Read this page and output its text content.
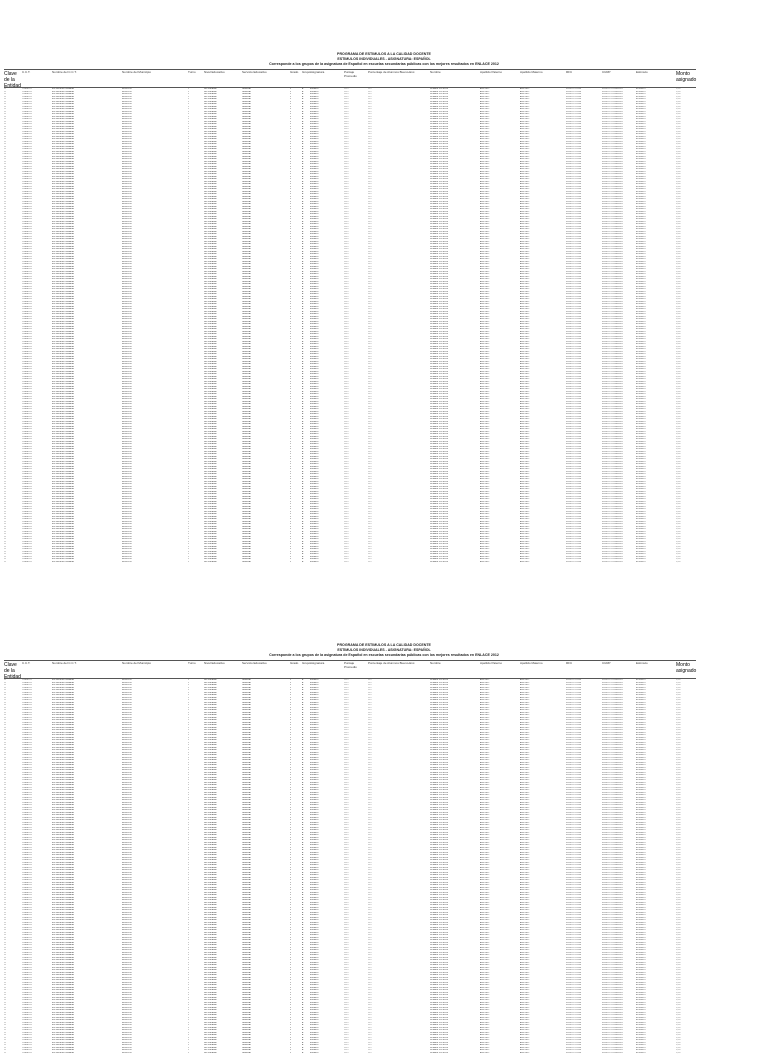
PROGRAMA DE ESTIMULOS A LA CALIDAD DOCENTE
ESTIMULOS INDIVIDUALES - ASIGNATURA: ESPAÑOL
Corresponde a los grupos de la asignatura de Español en escuelas secundarias públicas con los mejores resultados en ENLACE 2012
Clave de la Entidad
C.C.T.	Nombre del C.C.T.	Nombre del Municipio	Turno	Nivel Educativo	Servicio Educativo	Grado	Grupo Asignatura	Puntaje Promedio
Porcentaje de Alumnos Bueno-Exc.	Nombre	Apellido Paterno	Apellido Materno	RFC	CURP	Estímulo	Monto asignado
##	##DES####	ESCUELA SECUNDARIA	MUNICIPIO	1	SECUNDARIA	GENERAL	3	A	ESPAÑOL	###.#	##.#	NOMBRE DOCENTE	APELLIDO	APELLIDO	XXXX######XXX	XXXX######XXXXXX##	ESTIMULO	#,###
##	##DES####	ESCUELA SECUNDARIA	MUNICIPIO	1	SECUNDARIA	GENERAL	3	A	ESPAÑOL	###.#	##.#	NOMBRE DOCENTE	APELLIDO	APELLIDO	XXXX######XXX	XXXX######XXXXXX##	ESTIMULO	#,###
##	##DES####	ESCUELA SECUNDARIA	MUNICIPIO	1	SECUNDARIA	GENERAL	3	A	ESPAÑOL	###.#	##.#	NOMBRE DOCENTE	APELLIDO	APELLIDO	XXXX######XXX	XXXX######XXXXXX##	ESTIMULO	#,###
##	##DES####	ESCUELA SECUNDARIA	MUNICIPIO	1	SECUNDARIA	GENERAL	3	A	ESPAÑOL	###.#	##.#	NOMBRE DOCENTE	APELLIDO	APELLIDO	XXXX######XXX	XXXX######XXXXXX##	ESTIMULO	#,###
##	##DES####	ESCUELA SECUNDARIA	MUNICIPIO	1	SECUNDARIA	GENERAL	3	A	ESPAÑOL	###.#	##.#	NOMBRE DOCENTE	APELLIDO	APELLIDO	XXXX######XXX	XXXX######XXXXXX##	ESTIMULO	#,###
##	##DES####	ESCUELA SECUNDARIA	MUNICIPIO	1	SECUNDARIA	GENERAL	3	A	ESPAÑOL	###.#	##.#	NOMBRE DOCENTE	APELLIDO	APELLIDO	XXXX######XXX	XXXX######XXXXXX##	ESTIMULO	#,###
##	##DES####	ESCUELA SECUNDARIA	MUNICIPIO	1	SECUNDARIA	GENERAL	3	A	ESPAÑOL	###.#	##.#	NOMBRE DOCENTE	APELLIDO	APELLIDO	XXXX######XXX	XXXX######XXXXXX##	ESTIMULO	#,###
##	##DES####	ESCUELA SECUNDARIA	MUNICIPIO	1	SECUNDARIA	GENERAL	3	A	ESPAÑOL	###.#	##.#	NOMBRE DOCENTE	APELLIDO	APELLIDO	XXXX######XXX	XXXX######XXXXXX##	ESTIMULO	#,###
##	##DES####	ESCUELA SECUNDARIA	MUNICIPIO	1	SECUNDARIA	GENERAL	3	A	ESPAÑOL	###.#	##.#	NOMBRE DOCENTE	APELLIDO	APELLIDO	XXXX######XXX	XXXX######XXXXXX##	ESTIMULO	#,###
##	##DES####	ESCUELA SECUNDARIA	MUNICIPIO	1	SECUNDARIA	GENERAL	3	A	ESPAÑOL	###.#	##.#	NOMBRE DOCENTE	APELLIDO	APELLIDO	XXXX######XXX	XXXX######XXXXXX##	ESTIMULO	#,###
##	##DES####	ESCUELA SECUNDARIA	MUNICIPIO	1	SECUNDARIA	GENERAL	3	A	ESPAÑOL	###.#	##.#	NOMBRE DOCENTE	APELLIDO	APELLIDO	XXXX######XXX	XXXX######XXXXXX##	ESTIMULO	#,###
##	##DES####	ESCUELA SECUNDARIA	MUNICIPIO	1	SECUNDARIA	GENERAL	3	A	ESPAÑOL	###.#	##.#	NOMBRE DOCENTE	APELLIDO	APELLIDO	XXXX######XXX	XXXX######XXXXXX##	ESTIMULO	#,###
##	##DES####	ESCUELA SECUNDARIA	MUNICIPIO	1	SECUNDARIA	GENERAL	3	A	ESPAÑOL	###.#	##.#	NOMBRE DOCENTE	APELLIDO	APELLIDO	XXXX######XXX	XXXX######XXXXXX##	ESTIMULO	#,###
##	##DES####	ESCUELA SECUNDARIA	MUNICIPIO	1	SECUNDARIA	GENERAL	3	A	ESPAÑOL	###.#	##.#	NOMBRE DOCENTE	APELLIDO	APELLIDO	XXXX######XXX	XXXX######XXXXXX##	ESTIMULO	#,###
##	##DES####	ESCUELA SECUNDARIA	MUNICIPIO	1	SECUNDARIA	GENERAL	3	A	ESPAÑOL	###.#	##.#	NOMBRE DOCENTE	APELLIDO	APELLIDO	XXXX######XXX	XXXX######XXXXXX##	ESTIMULO	#,###
##	##DES####	ESCUELA SECUNDARIA	MUNICIPIO	1	SECUNDARIA	GENERAL	3	A	ESPAÑOL	###.#	##.#	NOMBRE DOCENTE	APELLIDO	APELLIDO	XXXX######XXX	XXXX######XXXXXX##	ESTIMULO	#,###
##	##DES####	ESCUELA SECUNDARIA	MUNICIPIO	1	SECUNDARIA	GENERAL	3	A	ESPAÑOL	###.#	##.#	NOMBRE DOCENTE	APELLIDO	APELLIDO	XXXX######XXX	XXXX######XXXXXX##	ESTIMULO	#,###
##	##DES####	ESCUELA SECUNDARIA	MUNICIPIO	1	SECUNDARIA	GENERAL	3	A	ESPAÑOL	###.#	##.#	NOMBRE DOCENTE	APELLIDO	APELLIDO	XXXX######XXX	XXXX######XXXXXX##	ESTIMULO	#,###
##	##DES####	ESCUELA SECUNDARIA	MUNICIPIO	1	SECUNDARIA	GENERAL	3	A	ESPAÑOL	###.#	##.#	NOMBRE DOCENTE	APELLIDO	APELLIDO	XXXX######XXX	XXXX######XXXXXX##	ESTIMULO	#,###
##	##DES####	ESCUELA SECUNDARIA	MUNICIPIO	1	SECUNDARIA	GENERAL	3	A	ESPAÑOL	###.#	##.#	NOMBRE DOCENTE	APELLIDO	APELLIDO	XXXX######XXX	XXXX######XXXXXX##	ESTIMULO	#,###
##	##DES####	ESCUELA SECUNDARIA	MUNICIPIO	1	SECUNDARIA	GENERAL	3	A	ESPAÑOL	###.#	##.#	NOMBRE DOCENTE	APELLIDO	APELLIDO	XXXX######XXX	XXXX######XXXXXX##	ESTIMULO	#,###
##	##DES####	ESCUELA SECUNDARIA	MUNICIPIO	1	SECUNDARIA	GENERAL	3	A	ESPAÑOL	###.#	##.#	NOMBRE DOCENTE	APELLIDO	APELLIDO	XXXX######XXX	XXXX######XXXXXX##	ESTIMULO	#,###
##	##DES####	ESCUELA SECUNDARIA	MUNICIPIO	1	SECUNDARIA	GENERAL	3	A	ESPAÑOL	###.#	##.#	NOMBRE DOCENTE	APELLIDO	APELLIDO	XXXX######XXX	XXXX######XXXXXX##	ESTIMULO	#,###
##	##DES####	ESCUELA SECUNDARIA	MUNICIPIO	1	SECUNDARIA	GENERAL	3	A	ESPAÑOL	###.#	##.#	NOMBRE DOCENTE	APELLIDO	APELLIDO	XXXX######XXX	XXXX######XXXXXX##	ESTIMULO	#,###
##	##DES####	ESCUELA SECUNDARIA	MUNICIPIO	1	SECUNDARIA	GENERAL	3	A	ESPAÑOL	###.#	##.#	NOMBRE DOCENTE	APELLIDO	APELLIDO	XXXX######XXX	XXXX######XXXXXX##	ESTIMULO	#,###
##	##DES####	ESCUELA SECUNDARIA	MUNICIPIO	1	SECUNDARIA	GENERAL	3	A	ESPAÑOL	###.#	##.#	NOMBRE DOCENTE	APELLIDO	APELLIDO	XXXX######XXX	XXXX######XXXXXX##	ESTIMULO	#,###
##	##DES####	ESCUELA SECUNDARIA	MUNICIPIO	1	SECUNDARIA	GENERAL	3	A	ESPAÑOL	###.#	##.#	NOMBRE DOCENTE	APELLIDO	APELLIDO	XXXX######XXX	XXXX######XXXXXX##	ESTIMULO	#,###
##	##DES####	ESCUELA SECUNDARIA	MUNICIPIO	1	SECUNDARIA	GENERAL	3	A	ESPAÑOL	###.#	##.#	NOMBRE DOCENTE	APELLIDO	APELLIDO	XXXX######XXX	XXXX######XXXXXX##	ESTIMULO	#,###
##	##DES####	ESCUELA SECUNDARIA	MUNICIPIO	1	SECUNDARIA	GENERAL	3	A	ESPAÑOL	###.#	##.#	NOMBRE DOCENTE	APELLIDO	APELLIDO	XXXX######XXX	XXXX######XXXXXX##	ESTIMULO	#,###
##	##DES####	ESCUELA SECUNDARIA	MUNICIPIO	1	SECUNDARIA	GENERAL	3	A	ESPAÑOL	###.#	##.#	NOMBRE DOCENTE	APELLIDO	APELLIDO	XXXX######XXX	XXXX######XXXXXX##	ESTIMULO	#,###
##	##DES####	ESCUELA SECUNDARIA	MUNICIPIO	1	SECUNDARIA	GENERAL	3	A	ESPAÑOL	###.#	##.#	NOMBRE DOCENTE	APELLIDO	APELLIDO	XXXX######XXX	XXXX######XXXXXX##	ESTIMULO	#,###
##	##DES####	ESCUELA SECUNDARIA	MUNICIPIO	1	SECUNDARIA	GENERAL	3	A	ESPAÑOL	###.#	##.#	NOMBRE DOCENTE	APELLIDO	APELLIDO	XXXX######XXX	XXXX######XXXXXX##	ESTIMULO	#,###
##	##DES####	ESCUELA SECUNDARIA	MUNICIPIO	1	SECUNDARIA	GENERAL	3	A	ESPAÑOL	###.#	##.#	NOMBRE DOCENTE	APELLIDO	APELLIDO	XXXX######XXX	XXXX######XXXXXX##	ESTIMULO	#,###
##	##DES####	ESCUELA SECUNDARIA	MUNICIPIO	1	SECUNDARIA	GENERAL	3	A	ESPAÑOL	###.#	##.#	NOMBRE DOCENTE	APELLIDO	APELLIDO	XXXX######XXX	XXXX######XXXXXX##	ESTIMULO	#,###
##	##DES####	ESCUELA SECUNDARIA	MUNICIPIO	1	SECUNDARIA	GENERAL	3	A	ESPAÑOL	###.#	##.#	NOMBRE DOCENTE	APELLIDO	APELLIDO	XXXX######XXX	XXXX######XXXXXX##	ESTIMULO	#,###
##	##DES####	ESCUELA SECUNDARIA	MUNICIPIO	1	SECUNDARIA	GENERAL	3	A	ESPAÑOL	###.#	##.#	NOMBRE DOCENTE	APELLIDO	APELLIDO	XXXX######XXX	XXXX######XXXXXX##	ESTIMULO	#,###
##	##DES####	ESCUELA SECUNDARIA	MUNICIPIO	1	SECUNDARIA	GENERAL	3	A	ESPAÑOL	###.#	##.#	NOMBRE DOCENTE	APELLIDO	APELLIDO	XXXX######XXX	XXXX######XXXXXX##	ESTIMULO	#,###
##	##DES####	ESCUELA SECUNDARIA	MUNICIPIO	1	SECUNDARIA	GENERAL	3	A	ESPAÑOL	###.#	##.#	NOMBRE DOCENTE	APELLIDO	APELLIDO	XXXX######XXX	XXXX######XXXXXX##	ESTIMULO	#,###
##	##DES####	ESCUELA SECUNDARIA	MUNICIPIO	1	SECUNDARIA	GENERAL	3	A	ESPAÑOL	###.#	##.#	NOMBRE DOCENTE	APELLIDO	APELLIDO	XXXX######XXX	XXXX######XXXXXX##	ESTIMULO	#,###
##	##DES####	ESCUELA SECUNDARIA	MUNICIPIO	1	SECUNDARIA	GENERAL	3	A	ESPAÑOL	###.#	##.#	NOMBRE DOCENTE	APELLIDO	APELLIDO	XXXX######XXX	XXXX######XXXXXX##	ESTIMULO	#,###
##	##DES####	ESCUELA SECUNDARIA	MUNICIPIO	1	SECUNDARIA	GENERAL	3	A	ESPAÑOL	###.#	##.#	NOMBRE DOCENTE	APELLIDO	APELLIDO	XXXX######XXX	XXXX######XXXXXX##	ESTIMULO	#,###
##	##DES####	ESCUELA SECUNDARIA	MUNICIPIO	1	SECUNDARIA	GENERAL	3	A	ESPAÑOL	###.#	##.#	NOMBRE DOCENTE	APELLIDO	APELLIDO	XXXX######XXX	XXXX######XXXXXX##	ESTIMULO	#,###
##	##DES####	ESCUELA SECUNDARIA	MUNICIPIO	1	SECUNDARIA	GENERAL	3	A	ESPAÑOL	###.#	##.#	NOMBRE DOCENTE	APELLIDO	APELLIDO	XXXX######XXX	XXXX######XXXXXX##	ESTIMULO	#,###
##	##DES####	ESCUELA SECUNDARIA	MUNICIPIO	1	SECUNDARIA	GENERAL	3	A	ESPAÑOL	###.#	##.#	NOMBRE DOCENTE	APELLIDO	APELLIDO	XXXX######XXX	XXXX######XXXXXX##	ESTIMULO	#,###
##	##DES####	ESCUELA SECUNDARIA	MUNICIPIO	1	SECUNDARIA	GENERAL	3	A	ESPAÑOL	###.#	##.#	NOMBRE DOCENTE	APELLIDO	APELLIDO	XXXX######XXX	XXXX######XXXXXX##	ESTIMULO	#,###
##	##DES####	ESCUELA SECUNDARIA	MUNICIPIO	1	SECUNDARIA	GENERAL	3	A	ESPAÑOL	###.#	##.#	NOMBRE DOCENTE	APELLIDO	APELLIDO	XXXX######XXX	XXXX######XXXXXX##	ESTIMULO	#,###
##	##DES####	ESCUELA SECUNDARIA	MUNICIPIO	1	SECUNDARIA	GENERAL	3	A	ESPAÑOL	###.#	##.#	NOMBRE DOCENTE	APELLIDO	APELLIDO	XXXX######XXX	XXXX######XXXXXX##	ESTIMULO	#,###
##	##DES####	ESCUELA SECUNDARIA	MUNICIPIO	1	SECUNDARIA	GENERAL	3	A	ESPAÑOL	###.#	##.#	NOMBRE DOCENTE	APELLIDO	APELLIDO	XXXX######XXX	XXXX######XXXXXX##	ESTIMULO	#,###
##	##DES####	ESCUELA SECUNDARIA	MUNICIPIO	1	SECUNDARIA	GENERAL	3	A	ESPAÑOL	###.#	##.#	NOMBRE DOCENTE	APELLIDO	APELLIDO	XXXX######XXX	XXXX######XXXXXX##	ESTIMULO	#,###
##	##DES####	ESCUELA SECUNDARIA	MUNICIPIO	1	SECUNDARIA	GENERAL	3	A	ESPAÑOL	###.#	##.#	NOMBRE DOCENTE	APELLIDO	APELLIDO	XXXX######XXX	XXXX######XXXXXX##	ESTIMULO	#,###
##	##DES####	ESCUELA SECUNDARIA	MUNICIPIO	1	SECUNDARIA	GENERAL	3	A	ESPAÑOL	###.#	##.#	NOMBRE DOCENTE	APELLIDO	APELLIDO	XXXX######XXX	XXXX######XXXXXX##	ESTIMULO	#,###
##	##DES####	ESCUELA SECUNDARIA	MUNICIPIO	1	SECUNDARIA	GENERAL	3	A	ESPAÑOL	###.#	##.#	NOMBRE DOCENTE	APELLIDO	APELLIDO	XXXX######XXX	XXXX######XXXXXX##	ESTIMULO	#,###
##	##DES####	ESCUELA SECUNDARIA	MUNICIPIO	1	SECUNDARIA	GENERAL	3	A	ESPAÑOL	###.#	##.#	NOMBRE DOCENTE	APELLIDO	APELLIDO	XXXX######XXX	XXXX######XXXXXX##	ESTIMULO	#,###
##	##DES####	ESCUELA SECUNDARIA	MUNICIPIO	1	SECUNDARIA	GENERAL	3	A	ESPAÑOL	###.#	##.#	NOMBRE DOCENTE	APELLIDO	APELLIDO	XXXX######XXX	XXXX######XXXXXX##	ESTIMULO	#,###
##	##DES####	ESCUELA SECUNDARIA	MUNICIPIO	1	SECUNDARIA	GENERAL	3	A	ESPAÑOL	###.#	##.#	NOMBRE DOCENTE	APELLIDO	APELLIDO	XXXX######XXX	XXXX######XXXXXX##	ESTIMULO	#,###
##	##DES####	ESCUELA SECUNDARIA	MUNICIPIO	1	SECUNDARIA	GENERAL	3	A	ESPAÑOL	###.#	##.#	NOMBRE DOCENTE	APELLIDO	APELLIDO	XXXX######XXX	XXXX######XXXXXX##	ESTIMULO	#,###
##	##DES####	ESCUELA SECUNDARIA	MUNICIPIO	1	SECUNDARIA	GENERAL	3	A	ESPAÑOL	###.#	##.#	NOMBRE DOCENTE	APELLIDO	APELLIDO	XXXX######XXX	XXXX######XXXXXX##	ESTIMULO	#,###
##	##DES####	ESCUELA SECUNDARIA	MUNICIPIO	1	SECUNDARIA	GENERAL	3	A	ESPAÑOL	###.#	##.#	NOMBRE DOCENTE	APELLIDO	APELLIDO	XXXX######XXX	XXXX######XXXXXX##	ESTIMULO	#,###
##	##DES####	ESCUELA SECUNDARIA	MUNICIPIO	1	SECUNDARIA	GENERAL	3	A	ESPAÑOL	###.#	##.#	NOMBRE DOCENTE	APELLIDO	APELLIDO	XXXX######XXX	XXXX######XXXXXX##	ESTIMULO	#,###
##	##DES####	ESCUELA SECUNDARIA	MUNICIPIO	1	SECUNDARIA	GENERAL	3	A	ESPAÑOL	###.#	##.#	NOMBRE DOCENTE	APELLIDO	APELLIDO	XXXX######XXX	XXXX######XXXXXX##	ESTIMULO	#,###
##	##DES####	ESCUELA SECUNDARIA	MUNICIPIO	1	SECUNDARIA	GENERAL	3	A	ESPAÑOL	###.#	##.#	NOMBRE DOCENTE	APELLIDO	APELLIDO	XXXX######XXX	XXXX######XXXXXX##	ESTIMULO	#,###
##	##DES####	ESCUELA SECUNDARIA	MUNICIPIO	1	SECUNDARIA	GENERAL	3	A	ESPAÑOL	###.#	##.#	NOMBRE DOCENTE	APELLIDO	APELLIDO	XXXX######XXX	XXXX######XXXXXX##	ESTIMULO	#,###
##	##DES####	ESCUELA SECUNDARIA	MUNICIPIO	1	SECUNDARIA	GENERAL	3	A	ESPAÑOL	###.#	##.#	NOMBRE DOCENTE	APELLIDO	APELLIDO	XXXX######XXX	XXXX######XXXXXX##	ESTIMULO	#,###
##	##DES####	ESCUELA SECUNDARIA	MUNICIPIO	1	SECUNDARIA	GENERAL	3	A	ESPAÑOL	###.#	##.#	NOMBRE DOCENTE	APELLIDO	APELLIDO	XXXX######XXX	XXXX######XXXXXX##	ESTIMULO	#,###
##	##DES####	ESCUELA SECUNDARIA	MUNICIPIO	1	SECUNDARIA	GENERAL	3	A	ESPAÑOL	###.#	##.#	NOMBRE DOCENTE	APELLIDO	APELLIDO	XXXX######XXX	XXXX######XXXXXX##	ESTIMULO	#,###
##	##DES####	ESCUELA SECUNDARIA	MUNICIPIO	1	SECUNDARIA	GENERAL	3	A	ESPAÑOL	###.#	##.#	NOMBRE DOCENTE	APELLIDO	APELLIDO	XXXX######XXX	XXXX######XXXXXX##	ESTIMULO	#,###
##	##DES####	ESCUELA SECUNDARIA	MUNICIPIO	1	SECUNDARIA	GENERAL	3	A	ESPAÑOL	###.#	##.#	NOMBRE DOCENTE	APELLIDO	APELLIDO	XXXX######XXX	XXXX######XXXXXX##	ESTIMULO	#,###
##	##DES####	ESCUELA SECUNDARIA	MUNICIPIO	1	SECUNDARIA	GENERAL	3	A	ESPAÑOL	###.#	##.#	NOMBRE DOCENTE	APELLIDO	APELLIDO	XXXX######XXX	XXXX######XXXXXX##	ESTIMULO	#,###
##	##DES####	ESCUELA SECUNDARIA	MUNICIPIO	1	SECUNDARIA	GENERAL	3	A	ESPAÑOL	###.#	##.#	NOMBRE DOCENTE	APELLIDO	APELLIDO	XXXX######XXX	XXXX######XXXXXX##	ESTIMULO	#,###
##	##DES####	ESCUELA SECUNDARIA	MUNICIPIO	1	SECUNDARIA	GENERAL	3	A	ESPAÑOL	###.#	##.#	NOMBRE DOCENTE	APELLIDO	APELLIDO	XXXX######XXX	XXXX######XXXXXX##	ESTIMULO	#,###
##	##DES####	ESCUELA SECUNDARIA	MUNICIPIO	1	SECUNDARIA	GENERAL	3	A	ESPAÑOL	###.#	##.#	NOMBRE DOCENTE	APELLIDO	APELLIDO	XXXX######XXX	XXXX######XXXXXX##	ESTIMULO	#,###
##	##DES####	ESCUELA SECUNDARIA	MUNICIPIO	1	SECUNDARIA	GENERAL	3	A	ESPAÑOL	###.#	##.#	NOMBRE DOCENTE	APELLIDO	APELLIDO	XXXX######XXX	XXXX######XXXXXX##	ESTIMULO	#,###
##	##DES####	ESCUELA SECUNDARIA	MUNICIPIO	1	SECUNDARIA	GENERAL	3	A	ESPAÑOL	###.#	##.#	NOMBRE DOCENTE	APELLIDO	APELLIDO	XXXX######XXX	XXXX######XXXXXX##	ESTIMULO	#,###
##	##DES####	ESCUELA SECUNDARIA	MUNICIPIO	1	SECUNDARIA	GENERAL	3	A	ESPAÑOL	###.#	##.#	NOMBRE DOCENTE	APELLIDO	APELLIDO	XXXX######XXX	XXXX######XXXXXX##	ESTIMULO	#,###
##	##DES####	ESCUELA SECUNDARIA	MUNICIPIO	1	SECUNDARIA	GENERAL	3	A	ESPAÑOL	###.#	##.#	NOMBRE DOCENTE	APELLIDO	APELLIDO	XXXX######XXX	XXXX######XXXXXX##	ESTIMULO	#,###
##	##DES####	ESCUELA SECUNDARIA	MUNICIPIO	1	SECUNDARIA	GENERAL	3	A	ESPAÑOL	###.#	##.#	NOMBRE DOCENTE	APELLIDO	APELLIDO	XXXX######XXX	XXXX######XXXXXX##	ESTIMULO	#,###
##	##DES####	ESCUELA SECUNDARIA	MUNICIPIO	1	SECUNDARIA	GENERAL	3	A	ESPAÑOL	###.#	##.#	NOMBRE DOCENTE	APELLIDO	APELLIDO	XXXX######XXX	XXXX######XXXXXX##	ESTIMULO	#,###
##	##DES####	ESCUELA SECUNDARIA	MUNICIPIO	1	SECUNDARIA	GENERAL	3	A	ESPAÑOL	###.#	##.#	NOMBRE DOCENTE	APELLIDO	APELLIDO	XXXX######XXX	XXXX######XXXXXX##	ESTIMULO	#,###
##	##DES####	ESCUELA SECUNDARIA	MUNICIPIO	1	SECUNDARIA	GENERAL	3	A	ESPAÑOL	###.#	##.#	NOMBRE DOCENTE	APELLIDO	APELLIDO	XXXX######XXX	XXXX######XXXXXX##	ESTIMULO	#,###
##	##DES####	ESCUELA SECUNDARIA	MUNICIPIO	1	SECUNDARIA	GENERAL	3	A	ESPAÑOL	###.#	##.#	NOMBRE DOCENTE	APELLIDO	APELLIDO	XXXX######XXX	XXXX######XXXXXX##	ESTIMULO	#,###
##	##DES####	ESCUELA SECUNDARIA	MUNICIPIO	1	SECUNDARIA	GENERAL	3	A	ESPAÑOL	###.#	##.#	NOMBRE DOCENTE	APELLIDO	APELLIDO	XXXX######XXX	XXXX######XXXXXX##	ESTIMULO	#,###
##	##DES####	ESCUELA SECUNDARIA	MUNICIPIO	1	SECUNDARIA	GENERAL	3	A	ESPAÑOL	###.#	##.#	NOMBRE DOCENTE	APELLIDO	APELLIDO	XXXX######XXX	XXXX######XXXXXX##	ESTIMULO	#,###
##	##DES####	ESCUELA SECUNDARIA	MUNICIPIO	1	SECUNDARIA	GENERAL	3	A	ESPAÑOL	###.#	##.#	NOMBRE DOCENTE	APELLIDO	APELLIDO	XXXX######XXX	XXXX######XXXXXX##	ESTIMULO	#,###
##	##DES####	ESCUELA SECUNDARIA	MUNICIPIO	1	SECUNDARIA	GENERAL	3	A	ESPAÑOL	###.#	##.#	NOMBRE DOCENTE	APELLIDO	APELLIDO	XXXX######XXX	XXXX######XXXXXX##	ESTIMULO	#,###
##	##DES####	ESCUELA SECUNDARIA	MUNICIPIO	1	SECUNDARIA	GENERAL	3	A	ESPAÑOL	###.#	##.#	NOMBRE DOCENTE	APELLIDO	APELLIDO	XXXX######XXX	XXXX######XXXXXX##	ESTIMULO	#,###
##	##DES####	ESCUELA SECUNDARIA	MUNICIPIO	1	SECUNDARIA	GENERAL	3	A	ESPAÑOL	###.#	##.#	NOMBRE DOCENTE	APELLIDO	APELLIDO	XXXX######XXX	XXXX######XXXXXX##	ESTIMULO	#,###
##	##DES####	ESCUELA SECUNDARIA	MUNICIPIO	1	SECUNDARIA	GENERAL	3	A	ESPAÑOL	###.#	##.#	NOMBRE DOCENTE	APELLIDO	APELLIDO	XXXX######XXX	XXXX######XXXXXX##	ESTIMULO	#,###
##	##DES####	ESCUELA SECUNDARIA	MUNICIPIO	1	SECUNDARIA	GENERAL	3	A	ESPAÑOL	###.#	##.#	NOMBRE DOCENTE	APELLIDO	APELLIDO	XXXX######XXX	XXXX######XXXXXX##	ESTIMULO	#,###
##	##DES####	ESCUELA SECUNDARIA	MUNICIPIO	1	SECUNDARIA	GENERAL	3	A	ESPAÑOL	###.#	##.#	NOMBRE DOCENTE	APELLIDO	APELLIDO	XXXX######XXX	XXXX######XXXXXX##	ESTIMULO	#,###
##	##DES####	ESCUELA SECUNDARIA	MUNICIPIO	1	SECUNDARIA	GENERAL	3	A	ESPAÑOL	###.#	##.#	NOMBRE DOCENTE	APELLIDO	APELLIDO	XXXX######XXX	XXXX######XXXXXX##	ESTIMULO	#,###
##	##DES####	ESCUELA SECUNDARIA	MUNICIPIO	1	SECUNDARIA	GENERAL	3	A	ESPAÑOL	###.#	##.#	NOMBRE DOCENTE	APELLIDO	APELLIDO	XXXX######XXX	XXXX######XXXXXX##	ESTIMULO	#,###
##	##DES####	ESCUELA SECUNDARIA	MUNICIPIO	1	SECUNDARIA	GENERAL	3	A	ESPAÑOL	###.#	##.#	NOMBRE DOCENTE	APELLIDO	APELLIDO	XXXX######XXX	XXXX######XXXXXX##	ESTIMULO	#,###
##	##DES####	ESCUELA SECUNDARIA	MUNICIPIO	1	SECUNDARIA	GENERAL	3	A	ESPAÑOL	###.#	##.#	NOMBRE DOCENTE	APELLIDO	APELLIDO	XXXX######XXX	XXXX######XXXXXX##	ESTIMULO	#,###
##	##DES####	ESCUELA SECUNDARIA	MUNICIPIO	1	SECUNDARIA	GENERAL	3	A	ESPAÑOL	###.#	##.#	NOMBRE DOCENTE	APELLIDO	APELLIDO	XXXX######XXX	XXXX######XXXXXX##	ESTIMULO	#,###
##	##DES####	ESCUELA SECUNDARIA	MUNICIPIO	1	SECUNDARIA	GENERAL	3	A	ESPAÑOL	###.#	##.#	NOMBRE DOCENTE	APELLIDO	APELLIDO	XXXX######XXX	XXXX######XXXXXX##	ESTIMULO	#,###
##	##DES####	ESCUELA SECUNDARIA	MUNICIPIO	1	SECUNDARIA	GENERAL	3	A	ESPAÑOL	###.#	##.#	NOMBRE DOCENTE	APELLIDO	APELLIDO	XXXX######XXX	XXXX######XXXXXX##	ESTIMULO	#,###
##	##DES####	ESCUELA SECUNDARIA	MUNICIPIO	1	SECUNDARIA	GENERAL	3	A	ESPAÑOL	###.#	##.#	NOMBRE DOCENTE	APELLIDO	APELLIDO	XXXX######XXX	XXXX######XXXXXX##	ESTIMULO	#,###
##	##DES####	ESCUELA SECUNDARIA	MUNICIPIO	1	SECUNDARIA	GENERAL	3	A	ESPAÑOL	###.#	##.#	NOMBRE DOCENTE	APELLIDO	APELLIDO	XXXX######XXX	XXXX######XXXXXX##	ESTIMULO	#,###
##	##DES####	ESCUELA SECUNDARIA	MUNICIPIO	1	SECUNDARIA	GENERAL	3	A	ESPAÑOL	###.#	##.#	NOMBRE DOCENTE	APELLIDO	APELLIDO	XXXX######XXX	XXXX######XXXXXX##	ESTIMULO	#,###
##	##DES####	ESCUELA SECUNDARIA	MUNICIPIO	1	SECUNDARIA	GENERAL	3	A	ESPAÑOL	###.#	##.#	NOMBRE DOCENTE	APELLIDO	APELLIDO	XXXX######XXX	XXXX######XXXXXX##	ESTIMULO	#,###
##	##DES####	ESCUELA SECUNDARIA	MUNICIPIO	1	SECUNDARIA	GENERAL	3	A	ESPAÑOL	###.#	##.#	NOMBRE DOCENTE	APELLIDO	APELLIDO	XXXX######XXX	XXXX######XXXXXX##	ESTIMULO	#,###
##	##DES####	ESCUELA SECUNDARIA	MUNICIPIO	1	SECUNDARIA	GENERAL	3	A	ESPAÑOL	###.#	##.#	NOMBRE DOCENTE	APELLIDO	APELLIDO	XXXX######XXX	XXXX######XXXXXX##	ESTIMULO	#,###
##	##DES####	ESCUELA SECUNDARIA	MUNICIPIO	1	SECUNDARIA	GENERAL	3	A	ESPAÑOL	###.#	##.#	NOMBRE DOCENTE	APELLIDO	APELLIDO	XXXX######XXX	XXXX######XXXXXX##	ESTIMULO	#,###
##	##DES####	ESCUELA SECUNDARIA	MUNICIPIO	1	SECUNDARIA	GENERAL	3	A	ESPAÑOL	###.#	##.#	NOMBRE DOCENTE	APELLIDO	APELLIDO	XXXX######XXX	XXXX######XXXXXX##	ESTIMULO	#,###
##	##DES####	ESCUELA SECUNDARIA	MUNICIPIO	1	SECUNDARIA	GENERAL	3	A	ESPAÑOL	###.#	##.#	NOMBRE DOCENTE	APELLIDO	APELLIDO	XXXX######XXX	XXXX######XXXXXX##	ESTIMULO	#,###
##	##DES####	ESCUELA SECUNDARIA	MUNICIPIO	1	SECUNDARIA	GENERAL	3	A	ESPAÑOL	###.#	##.#	NOMBRE DOCENTE	APELLIDO	APELLIDO	XXXX######XXX	XXXX######XXXXXX##	ESTIMULO	#,###
##	##DES####	ESCUELA SECUNDARIA	MUNICIPIO	1	SECUNDARIA	GENERAL	3	A	ESPAÑOL	###.#	##.#	NOMBRE DOCENTE	APELLIDO	APELLIDO	XXXX######XXX	XXXX######XXXXXX##	ESTIMULO	#,###
##	##DES####	ESCUELA SECUNDARIA	MUNICIPIO	1	SECUNDARIA	GENERAL	3	A	ESPAÑOL	###.#	##.#	NOMBRE DOCENTE	APELLIDO	APELLIDO	XXXX######XXX	XXXX######XXXXXX##	ESTIMULO	#,###
##	##DES####	ESCUELA SECUNDARIA	MUNICIPIO	1	SECUNDARIA	GENERAL	3	A	ESPAÑOL	###.#	##.#	NOMBRE DOCENTE	APELLIDO	APELLIDO	XXXX######XXX	XXXX######XXXXXX##	ESTIMULO	#,###
##	##DES####	ESCUELA SECUNDARIA	MUNICIPIO	1	SECUNDARIA	GENERAL	3	A	ESPAÑOL	###.#	##.#	NOMBRE DOCENTE	APELLIDO	APELLIDO	XXXX######XXX	XXXX######XXXXXX##	ESTIMULO	#,###
##	##DES####	ESCUELA SECUNDARIA	MUNICIPIO	1	SECUNDARIA	GENERAL	3	A	ESPAÑOL	###.#	##.#	NOMBRE DOCENTE	APELLIDO	APELLIDO	XXXX######XXX	XXXX######XXXXXX##	ESTIMULO	#,###
##	##DES####	ESCUELA SECUNDARIA	MUNICIPIO	1	SECUNDARIA	GENERAL	3	A	ESPAÑOL	###.#	##.#	NOMBRE DOCENTE	APELLIDO	APELLIDO	XXXX######XXX	XXXX######XXXXXX##	ESTIMULO	#,###
##	##DES####	ESCUELA SECUNDARIA	MUNICIPIO	1	SECUNDARIA	GENERAL	3	A	ESPAÑOL	###.#	##.#	NOMBRE DOCENTE	APELLIDO	APELLIDO	XXXX######XXX	XXXX######XXXXXX##	ESTIMULO	#,###
##	##DES####	ESCUELA SECUNDARIA	MUNICIPIO	1	SECUNDARIA	GENERAL	3	A	ESPAÑOL	###.#	##.#	NOMBRE DOCENTE	APELLIDO	APELLIDO	XXXX######XXX	XXXX######XXXXXX##	ESTIMULO	#,###
##	##DES####	ESCUELA SECUNDARIA	MUNICIPIO	1	SECUNDARIA	GENERAL	3	A	ESPAÑOL	###.#	##.#	NOMBRE DOCENTE	APELLIDO	APELLIDO	XXXX######XXX	XXXX######XXXXXX##	ESTIMULO	#,###
##	##DES####	ESCUELA SECUNDARIA	MUNICIPIO	1	SECUNDARIA	GENERAL	3	A	ESPAÑOL	###.#	##.#	NOMBRE DOCENTE	APELLIDO	APELLIDO	XXXX######XXX	XXXX######XXXXXX##	ESTIMULO	#,###
##	##DES####	ESCUELA SECUNDARIA	MUNICIPIO	1	SECUNDARIA	GENERAL	3	A	ESPAÑOL	###.#	##.#	NOMBRE DOCENTE	APELLIDO	APELLIDO	XXXX######XXX	XXXX######XXXXXX##	ESTIMULO	#,###
##	##DES####	ESCUELA SECUNDARIA	MUNICIPIO	1	SECUNDARIA	GENERAL	3	A	ESPAÑOL	###.#	##.#	NOMBRE DOCENTE	APELLIDO	APELLIDO	XXXX######XXX	XXXX######XXXXXX##	ESTIMULO	#,###
##	##DES####	ESCUELA SECUNDARIA	MUNICIPIO	1	SECUNDARIA	GENERAL	3	A	ESPAÑOL	###.#	##.#	NOMBRE DOCENTE	APELLIDO	APELLIDO	XXXX######XXX	XXXX######XXXXXX##	ESTIMULO	#,###
##	##DES####	ESCUELA SECUNDARIA	MUNICIPIO	1	SECUNDARIA	GENERAL	3	A	ESPAÑOL	###.#	##.#	NOMBRE DOCENTE	APELLIDO	APELLIDO	XXXX######XXX	XXXX######XXXXXX##	ESTIMULO	#,###
##	##DES####	ESCUELA SECUNDARIA	MUNICIPIO	1	SECUNDARIA	GENERAL	3	A	ESPAÑOL	###.#	##.#	NOMBRE DOCENTE	APELLIDO	APELLIDO	XXXX######XXX	XXXX######XXXXXX##	ESTIMULO	#,###
##	##DES####	ESCUELA SECUNDARIA	MUNICIPIO	1	SECUNDARIA	GENERAL	3	A	ESPAÑOL	###.#	##.#	NOMBRE DOCENTE	APELLIDO	APELLIDO	XXXX######XXX	XXXX######XXXXXX##	ESTIMULO	#,###
##	##DES####	ESCUELA SECUNDARIA	MUNICIPIO	1	SECUNDARIA	GENERAL	3	A	ESPAÑOL	###.#	##.#	NOMBRE DOCENTE	APELLIDO	APELLIDO	XXXX######XXX	XXXX######XXXXXX##	ESTIMULO	#,###
##	##DES####	ESCUELA SECUNDARIA	MUNICIPIO	1	SECUNDARIA	GENERAL	3	A	ESPAÑOL	###.#	##.#	NOMBRE DOCENTE	APELLIDO	APELLIDO	XXXX######XXX	XXXX######XXXXXX##	ESTIMULO	#,###
##	##DES####	ESCUELA SECUNDARIA	MUNICIPIO	1	SECUNDARIA	GENERAL	3	A	ESPAÑOL	###.#	##.#	NOMBRE DOCENTE	APELLIDO	APELLIDO	XXXX######XXX	XXXX######XXXXXX##	ESTIMULO	#,###
##	##DES####	ESCUELA SECUNDARIA	MUNICIPIO	1	SECUNDARIA	GENERAL	3	A	ESPAÑOL	###.#	##.#	NOMBRE DOCENTE	APELLIDO	APELLIDO	XXXX######XXX	XXXX######XXXXXX##	ESTIMULO	#,###
##	##DES####	ESCUELA SECUNDARIA	MUNICIPIO	1	SECUNDARIA	GENERAL	3	A	ESPAÑOL	###.#	##.#	NOMBRE DOCENTE	APELLIDO	APELLIDO	XXXX######XXX	XXXX######XXXXXX##	ESTIMULO	#,###
##	##DES####	ESCUELA SECUNDARIA	MUNICIPIO	1	SECUNDARIA	GENERAL	3	A	ESPAÑOL	###.#	##.#	NOMBRE DOCENTE	APELLIDO	APELLIDO	XXXX######XXX	XXXX######XXXXXX##	ESTIMULO	#,###
##	##DES####	ESCUELA SECUNDARIA	MUNICIPIO	1	SECUNDARIA	GENERAL	3	A	ESPAÑOL	###.#	##.#	NOMBRE DOCENTE	APELLIDO	APELLIDO	XXXX######XXX	XXXX######XXXXXX##	ESTIMULO	#,###
##	##DES####	ESCUELA SECUNDARIA	MUNICIPIO	1	SECUNDARIA	GENERAL	3	A	ESPAÑOL	###.#	##.#	NOMBRE DOCENTE	APELLIDO	APELLIDO	XXXX######XXX	XXXX######XXXXXX##	ESTIMULO	#,###
##	##DES####	ESCUELA SECUNDARIA	MUNICIPIO	1	SECUNDARIA	GENERAL	3	A	ESPAÑOL	###.#	##.#	NOMBRE DOCENTE	APELLIDO	APELLIDO	XXXX######XXX	XXXX######XXXXXX##	ESTIMULO	#,###
##	##DES####	ESCUELA SECUNDARIA	MUNICIPIO	1	SECUNDARIA	GENERAL	3	A	ESPAÑOL	###.#	##.#	NOMBRE DOCENTE	APELLIDO	APELLIDO	XXXX######XXX	XXXX######XXXXXX##	ESTIMULO	#,###
##	##DES####	ESCUELA SECUNDARIA	MUNICIPIO	1	SECUNDARIA	GENERAL	3	A	ESPAÑOL	###.#	##.#	NOMBRE DOCENTE	APELLIDO	APELLIDO	XXXX######XXX	XXXX######XXXXXX##	ESTIMULO	#,###
##	##DES####	ESCUELA SECUNDARIA	MUNICIPIO	1	SECUNDARIA	GENERAL	3	A	ESPAÑOL	###.#	##.#	NOMBRE DOCENTE	APELLIDO	APELLIDO	XXXX######XXX	XXXX######XXXXXX##	ESTIMULO	#,###
##	##DES####	ESCUELA SECUNDARIA	MUNICIPIO	1	SECUNDARIA	GENERAL	3	A	ESPAÑOL	###.#	##.#	NOMBRE DOCENTE	APELLIDO	APELLIDO	XXXX######XXX	XXXX######XXXXXX##	ESTIMULO	#,###
##	##DES####	ESCUELA SECUNDARIA	MUNICIPIO	1	SECUNDARIA	GENERAL	3	A	ESPAÑOL	###.#	##.#	NOMBRE DOCENTE	APELLIDO	APELLIDO	XXXX######XXX	XXXX######XXXXXX##	ESTIMULO	#,###
##	##DES####	ESCUELA SECUNDARIA	MUNICIPIO	1	SECUNDARIA	GENERAL	3	A	ESPAÑOL	###.#	##.#	NOMBRE DOCENTE	APELLIDO	APELLIDO	XXXX######XXX	XXXX######XXXXXX##	ESTIMULO	#,###
##	##DES####	ESCUELA SECUNDARIA	MUNICIPIO	1	SECUNDARIA	GENERAL	3	A	ESPAÑOL	###.#	##.#	NOMBRE DOCENTE	APELLIDO	APELLIDO	XXXX######XXX	XXXX######XXXXXX##	ESTIMULO	#,###
##	##DES####	ESCUELA SECUNDARIA	MUNICIPIO	1	SECUNDARIA	GENERAL	3	A	ESPAÑOL	###.#	##.#	NOMBRE DOCENTE	APELLIDO	APELLIDO	XXXX######XXX	XXXX######XXXXXX##	ESTIMULO	#,###
##	##DES####	ESCUELA SECUNDARIA	MUNICIPIO	1	SECUNDARIA	GENERAL	3	A	ESPAÑOL	###.#	##.#	NOMBRE DOCENTE	APELLIDO	APELLIDO	XXXX######XXX	XXXX######XXXXXX##	ESTIMULO	#,###
##	##DES####	ESCUELA SECUNDARIA	MUNICIPIO	1	SECUNDARIA	GENERAL	3	A	ESPAÑOL	###.#	##.#	NOMBRE DOCENTE	APELLIDO	APELLIDO	XXXX######XXX	XXXX######XXXXXX##	ESTIMULO	#,###
##	##DES####	ESCUELA SECUNDARIA	MUNICIPIO	1	SECUNDARIA	GENERAL	3	A	ESPAÑOL	###.#	##.#	NOMBRE DOCENTE	APELLIDO	APELLIDO	XXXX######XXX	XXXX######XXXXXX##	ESTIMULO	#,###
##	##DES####	ESCUELA SECUNDARIA	MUNICIPIO	1	SECUNDARIA	GENERAL	3	A	ESPAÑOL	###.#	##.#	NOMBRE DOCENTE	APELLIDO	APELLIDO	XXXX######XXX	XXXX######XXXXXX##	ESTIMULO	#,###
##	##DES####	ESCUELA SECUNDARIA	MUNICIPIO	1	SECUNDARIA	GENERAL	3	A	ESPAÑOL	###.#	##.#	NOMBRE DOCENTE	APELLIDO	APELLIDO	XXXX######XXX	XXXX######XXXXXX##	ESTIMULO	#,###
##	##DES####	ESCUELA SECUNDARIA	MUNICIPIO	1	SECUNDARIA	GENERAL	3	A	ESPAÑOL	###.#	##.#	NOMBRE DOCENTE	APELLIDO	APELLIDO	XXXX######XXX	XXXX######XXXXXX##	ESTIMULO	#,###
##	##DES####	ESCUELA SECUNDARIA	MUNICIPIO	1	SECUNDARIA	GENERAL	3	A	ESPAÑOL	###.#	##.#	NOMBRE DOCENTE	APELLIDO	APELLIDO	XXXX######XXX	XXXX######XXXXXX##	ESTIMULO	#,###
##	##DES####	ESCUELA SECUNDARIA	MUNICIPIO	1	SECUNDARIA	GENERAL	3	A	ESPAÑOL	###.#	##.#	NOMBRE DOCENTE	APELLIDO	APELLIDO	XXXX######XXX	XXXX######XXXXXX##	ESTIMULO	#,###
##	##DES####	ESCUELA SECUNDARIA	MUNICIPIO	1	SECUNDARIA	GENERAL	3	A	ESPAÑOL	###.#	##.#	NOMBRE DOCENTE	APELLIDO	APELLIDO	XXXX######XXX	XXXX######XXXXXX##	ESTIMULO	#,###
##	##DES####	ESCUELA SECUNDARIA	MUNICIPIO	1	SECUNDARIA	GENERAL	3	A	ESPAÑOL	###.#	##.#	NOMBRE DOCENTE	APELLIDO	APELLIDO	XXXX######XXX	XXXX######XXXXXX##	ESTIMULO	#,###
##	##DES####	ESCUELA SECUNDARIA	MUNICIPIO	1	SECUNDARIA	GENERAL	3	A	ESPAÑOL	###.#	##.#	NOMBRE DOCENTE	APELLIDO	APELLIDO	XXXX######XXX	XXXX######XXXXXX##	ESTIMULO	#,###
##	##DES####	ESCUELA SECUNDARIA	MUNICIPIO	1	SECUNDARIA	GENERAL	3	A	ESPAÑOL	###.#	##.#	NOMBRE DOCENTE	APELLIDO	APELLIDO	XXXX######XXX	XXXX######XXXXXX##	ESTIMULO	#,###
##	##DES####	ESCUELA SECUNDARIA	MUNICIPIO	1	SECUNDARIA	GENERAL	3	A	ESPAÑOL	###.#	##.#	NOMBRE DOCENTE	APELLIDO	APELLIDO	XXXX######XXX	XXXX######XXXXXX##	ESTIMULO	#,###
##	##DES####	ESCUELA SECUNDARIA	MUNICIPIO	1	SECUNDARIA	GENERAL	3	A	ESPAÑOL	###.#	##.#	NOMBRE DOCENTE	APELLIDO	APELLIDO	XXXX######XXX	XXXX######XXXXXX##	ESTIMULO	#,###
##	##DES####	ESCUELA SECUNDARIA	MUNICIPIO	1	SECUNDARIA	GENERAL	3	A	ESPAÑOL	###.#	##.#	NOMBRE DOCENTE	APELLIDO	APELLIDO	XXXX######XXX	XXXX######XXXXXX##	ESTIMULO	#,###
##	##DES####	ESCUELA SECUNDARIA	MUNICIPIO	1	SECUNDARIA	GENERAL	3	A	ESPAÑOL	###.#	##.#	NOMBRE DOCENTE	APELLIDO	APELLIDO	XXXX######XXX	XXXX######XXXXXX##	ESTIMULO	#,###
##	##DES####	ESCUELA SECUNDARIA	MUNICIPIO	1	SECUNDARIA	GENERAL	3	A	ESPAÑOL	###.#	##.#	NOMBRE DOCENTE	APELLIDO	APELLIDO	XXXX######XXX	XXXX######XXXXXX##	ESTIMULO	#,###
##	##DES####	ESCUELA SECUNDARIA	MUNICIPIO	1	SECUNDARIA	GENERAL	3	A	ESPAÑOL	###.#	##.#	NOMBRE DOCENTE	APELLIDO	APELLIDO	XXXX######XXX	XXXX######XXXXXX##	ESTIMULO	#,###
##	##DES####	ESCUELA SECUNDARIA	MUNICIPIO	1	SECUNDARIA	GENERAL	3	A	ESPAÑOL	###.#	##.#	NOMBRE DOCENTE	APELLIDO	APELLIDO	XXXX######XXX	XXXX######XXXXXX##	ESTIMULO	#,###
##	##DES####	ESCUELA SECUNDARIA	MUNICIPIO	1	SECUNDARIA	GENERAL	3	A	ESPAÑOL	###.#	##.#	NOMBRE DOCENTE	APELLIDO	APELLIDO	XXXX######XXX	XXXX######XXXXXX##	ESTIMULO	#,###
##	##DES####	ESCUELA SECUNDARIA	MUNICIPIO	1	SECUNDARIA	GENERAL	3	A	ESPAÑOL	###.#	##.#	NOMBRE DOCENTE	APELLIDO	APELLIDO	XXXX######XXX	XXXX######XXXXXX##	ESTIMULO	#,###
##	##DES####	ESCUELA SECUNDARIA	MUNICIPIO	1	SECUNDARIA	GENERAL	3	A	ESPAÑOL	###.#	##.#	NOMBRE DOCENTE	APELLIDO	APELLIDO	XXXX######XXX	XXXX######XXXXXX##	ESTIMULO	#,###
##	##DES####	ESCUELA SECUNDARIA	MUNICIPIO	1	SECUNDARIA	GENERAL	3	A	ESPAÑOL	###.#	##.#	NOMBRE DOCENTE	APELLIDO	APELLIDO	XXXX######XXX	XXXX######XXXXXX##	ESTIMULO	#,###
##	##DES####	ESCUELA SECUNDARIA	MUNICIPIO	1	SECUNDARIA	GENERAL	3	A	ESPAÑOL	###.#	##.#	NOMBRE DOCENTE	APELLIDO	APELLIDO	XXXX######XXX	XXXX######XXXXXX##	ESTIMULO	#,###
##	##DES####	ESCUELA SECUNDARIA	MUNICIPIO	1	SECUNDARIA	GENERAL	3	A	ESPAÑOL	###.#	##.#	NOMBRE DOCENTE	APELLIDO	APELLIDO	XXXX######XXX	XXXX######XXXXXX##	ESTIMULO	#,###
##	##DES####	ESCUELA SECUNDARIA	MUNICIPIO	1	SECUNDARIA	GENERAL	3	A	ESPAÑOL	###.#	##.#	NOMBRE DOCENTE	APELLIDO	APELLIDO	XXXX######XXX	XXXX######XXXXXX##	ESTIMULO	#,###
##	##DES####	ESCUELA SECUNDARIA	MUNICIPIO	1	SECUNDARIA	GENERAL	3	A	ESPAÑOL	###.#	##.#	NOMBRE DOCENTE	APELLIDO	APELLIDO	XXXX######XXX	XXXX######XXXXXX##	ESTIMULO	#,###
##	##DES####	ESCUELA SECUNDARIA	MUNICIPIO	1	SECUNDARIA	GENERAL	3	A	ESPAÑOL	###.#	##.#	NOMBRE DOCENTE	APELLIDO	APELLIDO	XXXX######XXX	XXXX######XXXXXX##	ESTIMULO	#,###
##	##DES####	ESCUELA SECUNDARIA	MUNICIPIO	1	SECUNDARIA	GENERAL	3	A	ESPAÑOL	###.#	##.#	NOMBRE DOCENTE	APELLIDO	APELLIDO	XXXX######XXX	XXXX######XXXXXX##	ESTIMULO	#,###
##	##DES####	ESCUELA SECUNDARIA	MUNICIPIO	1	SECUNDARIA	GENERAL	3	A	ESPAÑOL	###.#	##.#	NOMBRE DOCENTE	APELLIDO	APELLIDO	XXXX######XXX	XXXX######XXXXXX##	ESTIMULO	#,###
##	##DES####	ESCUELA SECUNDARIA	MUNICIPIO	1	SECUNDARIA	GENERAL	3	A	ESPAÑOL	###.#	##.#	NOMBRE DOCENTE	APELLIDO	APELLIDO	XXXX######XXX	XXXX######XXXXXX##	ESTIMULO	#,###
##	##DES####	ESCUELA SECUNDARIA	MUNICIPIO	1	SECUNDARIA	GENERAL	3	A	ESPAÑOL	###.#	##.#	NOMBRE DOCENTE	APELLIDO	APELLIDO	XXXX######XXX	XXXX######XXXXXX##	ESTIMULO	#,###
##	##DES####	ESCUELA SECUNDARIA	MUNICIPIO	1	SECUNDARIA	GENERAL	3	A	ESPAÑOL	###.#	##.#	NOMBRE DOCENTE	APELLIDO	APELLIDO	XXXX######XXX	XXXX######XXXXXX##	ESTIMULO	#,###
##	##DES####	ESCUELA SECUNDARIA	MUNICIPIO	1	SECUNDARIA	GENERAL	3	A	ESPAÑOL	###.#	##.#	NOMBRE DOCENTE	APELLIDO	APELLIDO	XXXX######XXX	XXXX######XXXXXX##	ESTIMULO	#,###
##	##DES####	ESCUELA SECUNDARIA	MUNICIPIO	1	SECUNDARIA	GENERAL	3	A	ESPAÑOL	###.#	##.#	NOMBRE DOCENTE	APELLIDO	APELLIDO	XXXX######XXX	XXXX######XXXXXX##	ESTIMULO	#,###
##	##DES####	ESCUELA SECUNDARIA	MUNICIPIO	1	SECUNDARIA	GENERAL	3	A	ESPAÑOL	###.#	##.#	NOMBRE DOCENTE	APELLIDO	APELLIDO	XXXX######XXX	XXXX######XXXXXX##	ESTIMULO	#,###
##	##DES####	ESCUELA SECUNDARIA	MUNICIPIO	1	SECUNDARIA	GENERAL	3	A	ESPAÑOL	###.#	##.#	NOMBRE DOCENTE	APELLIDO	APELLIDO	XXXX######XXX	XXXX######XXXXXX##	ESTIMULO	#,###
##	##DES####	ESCUELA SECUNDARIA	MUNICIPIO	1	SECUNDARIA	GENERAL	3	A	ESPAÑOL	###.#	##.#	NOMBRE DOCENTE	APELLIDO	APELLIDO	XXXX######XXX	XXXX######XXXXXX##	ESTIMULO	#,###
##	##DES####	ESCUELA SECUNDARIA	MUNICIPIO	1	SECUNDARIA	GENERAL	3	A	ESPAÑOL	###.#	##.#	NOMBRE DOCENTE	APELLIDO	APELLIDO	XXXX######XXX	XXXX######XXXXXX##	ESTIMULO	#,###
##	##DES####	ESCUELA SECUNDARIA	MUNICIPIO	1	SECUNDARIA	GENERAL	3	A	ESPAÑOL	###.#	##.#	NOMBRE DOCENTE	APELLIDO	APELLIDO	XXXX######XXX	XXXX######XXXXXX##	ESTIMULO	#,###
##	##DES####	ESCUELA SECUNDARIA	MUNICIPIO	1	SECUNDARIA	GENERAL	3	A	ESPAÑOL	###.#	##.#	NOMBRE DOCENTE	APELLIDO	APELLIDO	XXXX######XXX	XXXX######XXXXXX##	ESTIMULO	#,###
##	##DES####	ESCUELA SECUNDARIA	MUNICIPIO	1	SECUNDARIA	GENERAL	3	A	ESPAÑOL	###.#	##.#	NOMBRE DOCENTE	APELLIDO	APELLIDO	XXXX######XXX	XXXX######XXXXXX##	ESTIMULO	#,###
##	##DES####	ESCUELA SECUNDARIA	MUNICIPIO	1	SECUNDARIA	GENERAL	3	A	ESPAÑOL	###.#	##.#	NOMBRE DOCENTE	APELLIDO	APELLIDO	XXXX######XXX	XXXX######XXXXXX##	ESTIMULO	#,###
##	##DES####	ESCUELA SECUNDARIA	MUNICIPIO	1	SECUNDARIA	GENERAL	3	A	ESPAÑOL	###.#	##.#	NOMBRE DOCENTE	APELLIDO	APELLIDO	XXXX######XXX	XXXX######XXXXXX##	ESTIMULO	#,###
##	##DES####	ESCUELA SECUNDARIA	MUNICIPIO	1	SECUNDARIA	GENERAL	3	A	ESPAÑOL	###.#	##.#	NOMBRE DOCENTE	APELLIDO	APELLIDO	XXXX######XXX	XXXX######XXXXXX##	ESTIMULO	#,###
##	##DES####	ESCUELA SECUNDARIA	MUNICIPIO	1	SECUNDARIA	GENERAL	3	A	ESPAÑOL	###.#	##.#	NOMBRE DOCENTE	APELLIDO	APELLIDO	XXXX######XXX	XXXX######XXXXXX##	ESTIMULO	#,###
##	##DES####	ESCUELA SECUNDARIA	MUNICIPIO	1	SECUNDARIA	GENERAL	3	A	ESPAÑOL	###.#	##.#	NOMBRE DOCENTE	APELLIDO	APELLIDO	XXXX######XXX	XXXX######XXXXXX##	ESTIMULO	#,###
##	##DES####	ESCUELA SECUNDARIA	MUNICIPIO	1	SECUNDARIA	GENERAL	3	A	ESPAÑOL	###.#	##.#	NOMBRE DOCENTE	APELLIDO	APELLIDO	XXXX######XXX	XXXX######XXXXXX##	ESTIMULO	#,###
##	##DES####	ESCUELA SECUNDARIA	MUNICIPIO	1	SECUNDARIA	GENERAL	3	A	ESPAÑOL	###.#	##.#	NOMBRE DOCENTE	APELLIDO	APELLIDO	XXXX######XXX	XXXX######XXXXXX##	ESTIMULO	#,###
##	##DES####	ESCUELA SECUNDARIA	MUNICIPIO	1	SECUNDARIA	GENERAL	3	A	ESPAÑOL	###.#	##.#	NOMBRE DOCENTE	APELLIDO	APELLIDO	XXXX######XXX	XXXX######XXXXXX##	ESTIMULO	#,###
##	##DES####	ESCUELA SECUNDARIA	MUNICIPIO	1	SECUNDARIA	GENERAL	3	A	ESPAÑOL	###.#	##.#	NOMBRE DOCENTE	APELLIDO	APELLIDO	XXXX######XXX	XXXX######XXXXXX##	ESTIMULO	#,###
PROGRAMA DE ESTIMULOS A LA CALIDAD DOCENTE
ESTIMULOS INDIVIDUALES - ASIGNATURA: ESPAÑOL
Corresponde a los grupos de la asignatura de Español en escuelas secundarias públicas con los mejores resultados en ENLACE 2012
Clave de la Entidad
C.C.T.	Nombre del C.C.T.	Nombre del Municipio	Turno	Nivel Educativo	Servicio Educativo	Grado	Grupo Asignatura	Puntaje Promedio
Porcentaje de Alumnos Bueno-Exc.	Nombre	Apellido Paterno	Apellido Materno	RFC	CURP	Estímulo	Monto asignado
##	##DES####	ESCUELA SECUNDARIA	MUNICIPIO	1	SECUNDARIA	GENERAL	3	A	ESPAÑOL	###.#	##.#	NOMBRE DOCENTE	APELLIDO	APELLIDO	XXXX######XXX	XXXX######XXXXXX##	ESTIMULO	#,###
##	##DES####	ESCUELA SECUNDARIA	MUNICIPIO	1	SECUNDARIA	GENERAL	3	A	ESPAÑOL	###.#	##.#	NOMBRE DOCENTE	APELLIDO	APELLIDO	XXXX######XXX	XXXX######XXXXXX##	ESTIMULO	#,###
##	##DES####	ESCUELA SECUNDARIA	MUNICIPIO	1	SECUNDARIA	GENERAL	3	A	ESPAÑOL	###.#	##.#	NOMBRE DOCENTE	APELLIDO	APELLIDO	XXXX######XXX	XXXX######XXXXXX##	ESTIMULO	#,###
##	##DES####	ESCUELA SECUNDARIA	MUNICIPIO	1	SECUNDARIA	GENERAL	3	A	ESPAÑOL	###.#	##.#	NOMBRE DOCENTE	APELLIDO	APELLIDO	XXXX######XXX	XXXX######XXXXXX##	ESTIMULO	#,###
##	##DES####	ESCUELA SECUNDARIA	MUNICIPIO	1	SECUNDARIA	GENERAL	3	A	ESPAÑOL	###.#	##.#	NOMBRE DOCENTE	APELLIDO	APELLIDO	XXXX######XXX	XXXX######XXXXXX##	ESTIMULO	#,###
##	##DES####	ESCUELA SECUNDARIA	MUNICIPIO	1	SECUNDARIA	GENERAL	3	A	ESPAÑOL	###.#	##.#	NOMBRE DOCENTE	APELLIDO	APELLIDO	XXXX######XXX	XXXX######XXXXXX##	ESTIMULO	#,###
##	##DES####	ESCUELA SECUNDARIA	MUNICIPIO	1	SECUNDARIA	GENERAL	3	A	ESPAÑOL	###.#	##.#	NOMBRE DOCENTE	APELLIDO	APELLIDO	XXXX######XXX	XXXX######XXXXXX##	ESTIMULO	#,###
##	##DES####	ESCUELA SECUNDARIA	MUNICIPIO	1	SECUNDARIA	GENERAL	3	A	ESPAÑOL	###.#	##.#	NOMBRE DOCENTE	APELLIDO	APELLIDO	XXXX######XXX	XXXX######XXXXXX##	ESTIMULO	#,###
##	##DES####	ESCUELA SECUNDARIA	MUNICIPIO	1	SECUNDARIA	GENERAL	3	A	ESPAÑOL	###.#	##.#	NOMBRE DOCENTE	APELLIDO	APELLIDO	XXXX######XXX	XXXX######XXXXXX##	ESTIMULO	#,###
##	##DES####	ESCUELA SECUNDARIA	MUNICIPIO	1	SECUNDARIA	GENERAL	3	A	ESPAÑOL	###.#	##.#	NOMBRE DOCENTE	APELLIDO	APELLIDO	XXXX######XXX	XXXX######XXXXXX##	ESTIMULO	#,###
##	##DES####	ESCUELA SECUNDARIA	MUNICIPIO	1	SECUNDARIA	GENERAL	3	A	ESPAÑOL	###.#	##.#	NOMBRE DOCENTE	APELLIDO	APELLIDO	XXXX######XXX	XXXX######XXXXXX##	ESTIMULO	#,###
##	##DES####	ESCUELA SECUNDARIA	MUNICIPIO	1	SECUNDARIA	GENERAL	3	A	ESPAÑOL	###.#	##.#	NOMBRE DOCENTE	APELLIDO	APELLIDO	XXXX######XXX	XXXX######XXXXXX##	ESTIMULO	#,###
##	##DES####	ESCUELA SECUNDARIA	MUNICIPIO	1	SECUNDARIA	GENERAL	3	A	ESPAÑOL	###.#	##.#	NOMBRE DOCENTE	APELLIDO	APELLIDO	XXXX######XXX	XXXX######XXXXXX##	ESTIMULO	#,###
##	##DES####	ESCUELA SECUNDARIA	MUNICIPIO	1	SECUNDARIA	GENERAL	3	A	ESPAÑOL	###.#	##.#	NOMBRE DOCENTE	APELLIDO	APELLIDO	XXXX######XXX	XXXX######XXXXXX##	ESTIMULO	#,###
##	##DES####	ESCUELA SECUNDARIA	MUNICIPIO	1	SECUNDARIA	GENERAL	3	A	ESPAÑOL	###.#	##.#	NOMBRE DOCENTE	APELLIDO	APELLIDO	XXXX######XXX	XXXX######XXXXXX##	ESTIMULO	#,###
##	##DES####	ESCUELA SECUNDARIA	MUNICIPIO	1	SECUNDARIA	GENERAL	3	A	ESPAÑOL	###.#	##.#	NOMBRE DOCENTE	APELLIDO	APELLIDO	XXXX######XXX	XXXX######XXXXXX##	ESTIMULO	#,###
##	##DES####	ESCUELA SECUNDARIA	MUNICIPIO	1	SECUNDARIA	GENERAL	3	A	ESPAÑOL	###.#	##.#	NOMBRE DOCENTE	APELLIDO	APELLIDO	XXXX######XXX	XXXX######XXXXXX##	ESTIMULO	#,###
##	##DES####	ESCUELA SECUNDARIA	MUNICIPIO	1	SECUNDARIA	GENERAL	3	A	ESPAÑOL	###.#	##.#	NOMBRE DOCENTE	APELLIDO	APELLIDO	XXXX######XXX	XXXX######XXXXXX##	ESTIMULO	#,###
##	##DES####	ESCUELA SECUNDARIA	MUNICIPIO	1	SECUNDARIA	GENERAL	3	A	ESPAÑOL	###.#	##.#	NOMBRE DOCENTE	APELLIDO	APELLIDO	XXXX######XXX	XXXX######XXXXXX##	ESTIMULO	#,###
##	##DES####	ESCUELA SECUNDARIA	MUNICIPIO	1	SECUNDARIA	GENERAL	3	A	ESPAÑOL	###.#	##.#	NOMBRE DOCENTE	APELLIDO	APELLIDO	XXXX######XXX	XXXX######XXXXXX##	ESTIMULO	#,###
##	##DES####	ESCUELA SECUNDARIA	MUNICIPIO	1	SECUNDARIA	GENERAL	3	A	ESPAÑOL	###.#	##.#	NOMBRE DOCENTE	APELLIDO	APELLIDO	XXXX######XXX	XXXX######XXXXXX##	ESTIMULO	#,###
##	##DES####	ESCUELA SECUNDARIA	MUNICIPIO	1	SECUNDARIA	GENERAL	3	A	ESPAÑOL	###.#	##.#	NOMBRE DOCENTE	APELLIDO	APELLIDO	XXXX######XXX	XXXX######XXXXXX##	ESTIMULO	#,###
##	##DES####	ESCUELA SECUNDARIA	MUNICIPIO	1	SECUNDARIA	GENERAL	3	A	ESPAÑOL	###.#	##.#	NOMBRE DOCENTE	APELLIDO	APELLIDO	XXXX######XXX	XXXX######XXXXXX##	ESTIMULO	#,###
##	##DES####	ESCUELA SECUNDARIA	MUNICIPIO	1	SECUNDARIA	GENERAL	3	A	ESPAÑOL	###.#	##.#	NOMBRE DOCENTE	APELLIDO	APELLIDO	XXXX######XXX	XXXX######XXXXXX##	ESTIMULO	#,###
##	##DES####	ESCUELA SECUNDARIA	MUNICIPIO	1	SECUNDARIA	GENERAL	3	A	ESPAÑOL	###.#	##.#	NOMBRE DOCENTE	APELLIDO	APELLIDO	XXXX######XXX	XXXX######XXXXXX##	ESTIMULO	#,###
##	##DES####	ESCUELA SECUNDARIA	MUNICIPIO	1	SECUNDARIA	GENERAL	3	A	ESPAÑOL	###.#	##.#	NOMBRE DOCENTE	APELLIDO	APELLIDO	XXXX######XXX	XXXX######XXXXXX##	ESTIMULO	#,###
##	##DES####	ESCUELA SECUNDARIA	MUNICIPIO	1	SECUNDARIA	GENERAL	3	A	ESPAÑOL	###.#	##.#	NOMBRE DOCENTE	APELLIDO	APELLIDO	XXXX######XXX	XXXX######XXXXXX##	ESTIMULO	#,###
##	##DES####	ESCUELA SECUNDARIA	MUNICIPIO	1	SECUNDARIA	GENERAL	3	A	ESPAÑOL	###.#	##.#	NOMBRE DOCENTE	APELLIDO	APELLIDO	XXXX######XXX	XXXX######XXXXXX##	ESTIMULO	#,###
##	##DES####	ESCUELA SECUNDARIA	MUNICIPIO	1	SECUNDARIA	GENERAL	3	A	ESPAÑOL	###.#	##.#	NOMBRE DOCENTE	APELLIDO	APELLIDO	XXXX######XXX	XXXX######XXXXXX##	ESTIMULO	#,###
##	##DES####	ESCUELA SECUNDARIA	MUNICIPIO	1	SECUNDARIA	GENERAL	3	A	ESPAÑOL	###.#	##.#	NOMBRE DOCENTE	APELLIDO	APELLIDO	XXXX######XXX	XXXX######XXXXXX##	ESTIMULO	#,###
##	##DES####	ESCUELA SECUNDARIA	MUNICIPIO	1	SECUNDARIA	GENERAL	3	A	ESPAÑOL	###.#	##.#	NOMBRE DOCENTE	APELLIDO	APELLIDO	XXXX######XXX	XXXX######XXXXXX##	ESTIMULO	#,###
##	##DES####	ESCUELA SECUNDARIA	MUNICIPIO	1	SECUNDARIA	GENERAL	3	A	ESPAÑOL	###.#	##.#	NOMBRE DOCENTE	APELLIDO	APELLIDO	XXXX######XXX	XXXX######XXXXXX##	ESTIMULO	#,###
##	##DES####	ESCUELA SECUNDARIA	MUNICIPIO	1	SECUNDARIA	GENERAL	3	A	ESPAÑOL	###.#	##.#	NOMBRE DOCENTE	APELLIDO	APELLIDO	XXXX######XXX	XXXX######XXXXXX##	ESTIMULO	#,###
##	##DES####	ESCUELA SECUNDARIA	MUNICIPIO	1	SECUNDARIA	GENERAL	3	A	ESPAÑOL	###.#	##.#	NOMBRE DOCENTE	APELLIDO	APELLIDO	XXXX######XXX	XXXX######XXXXXX##	ESTIMULO	#,###
##	##DES####	ESCUELA SECUNDARIA	MUNICIPIO	1	SECUNDARIA	GENERAL	3	A	ESPAÑOL	###.#	##.#	NOMBRE DOCENTE	APELLIDO	APELLIDO	XXXX######XXX	XXXX######XXXXXX##	ESTIMULO	#,###
##	##DES####	ESCUELA SECUNDARIA	MUNICIPIO	1	SECUNDARIA	GENERAL	3	A	ESPAÑOL	###.#	##.#	NOMBRE DOCENTE	APELLIDO	APELLIDO	XXXX######XXX	XXXX######XXXXXX##	ESTIMULO	#,###
##	##DES####	ESCUELA SECUNDARIA	MUNICIPIO	1	SECUNDARIA	GENERAL	3	A	ESPAÑOL	###.#	##.#	NOMBRE DOCENTE	APELLIDO	APELLIDO	XXXX######XXX	XXXX######XXXXXX##	ESTIMULO	#,###
##	##DES####	ESCUELA SECUNDARIA	MUNICIPIO	1	SECUNDARIA	GENERAL	3	A	ESPAÑOL	###.#	##.#	NOMBRE DOCENTE	APELLIDO	APELLIDO	XXXX######XXX	XXXX######XXXXXX##	ESTIMULO	#,###
##	##DES####	ESCUELA SECUNDARIA	MUNICIPIO	1	SECUNDARIA	GENERAL	3	A	ESPAÑOL	###.#	##.#	NOMBRE DOCENTE	APELLIDO	APELLIDO	XXXX######XXX	XXXX######XXXXXX##	ESTIMULO	#,###
##	##DES####	ESCUELA SECUNDARIA	MUNICIPIO	1	SECUNDARIA	GENERAL	3	A	ESPAÑOL	###.#	##.#	NOMBRE DOCENTE	APELLIDO	APELLIDO	XXXX######XXX	XXXX######XXXXXX##	ESTIMULO	#,###
##	##DES####	ESCUELA SECUNDARIA	MUNICIPIO	1	SECUNDARIA	GENERAL	3	A	ESPAÑOL	###.#	##.#	NOMBRE DOCENTE	APELLIDO	APELLIDO	XXXX######XXX	XXXX######XXXXXX##	ESTIMULO	#,###
##	##DES####	ESCUELA SECUNDARIA	MUNICIPIO	1	SECUNDARIA	GENERAL	3	A	ESPAÑOL	###.#	##.#	NOMBRE DOCENTE	APELLIDO	APELLIDO	XXXX######XXX	XXXX######XXXXXX##	ESTIMULO	#,###
##	##DES####	ESCUELA SECUNDARIA	MUNICIPIO	1	SECUNDARIA	GENERAL	3	A	ESPAÑOL	###.#	##.#	NOMBRE DOCENTE	APELLIDO	APELLIDO	XXXX######XXX	XXXX######XXXXXX##	ESTIMULO	#,###
##	##DES####	ESCUELA SECUNDARIA	MUNICIPIO	1	SECUNDARIA	GENERAL	3	A	ESPAÑOL	###.#	##.#	NOMBRE DOCENTE	APELLIDO	APELLIDO	XXXX######XXX	XXXX######XXXXXX##	ESTIMULO	#,###
##	##DES####	ESCUELA SECUNDARIA	MUNICIPIO	1	SECUNDARIA	GENERAL	3	A	ESPAÑOL	###.#	##.#	NOMBRE DOCENTE	APELLIDO	APELLIDO	XXXX######XXX	XXXX######XXXXXX##	ESTIMULO	#,###
##	##DES####	ESCUELA SECUNDARIA	MUNICIPIO	1	SECUNDARIA	GENERAL	3	A	ESPAÑOL	###.#	##.#	NOMBRE DOCENTE	APELLIDO	APELLIDO	XXXX######XXX	XXXX######XXXXXX##	ESTIMULO	#,###
##	##DES####	ESCUELA SECUNDARIA	MUNICIPIO	1	SECUNDARIA	GENERAL	3	A	ESPAÑOL	###.#	##.#	NOMBRE DOCENTE	APELLIDO	APELLIDO	XXXX######XXX	XXXX######XXXXXX##	ESTIMULO	#,###
##	##DES####	ESCUELA SECUNDARIA	MUNICIPIO	1	SECUNDARIA	GENERAL	3	A	ESPAÑOL	###.#	##.#	NOMBRE DOCENTE	APELLIDO	APELLIDO	XXXX######XXX	XXXX######XXXXXX##	ESTIMULO	#,###
##	##DES####	ESCUELA SECUNDARIA	MUNICIPIO	1	SECUNDARIA	GENERAL	3	A	ESPAÑOL	###.#	##.#	NOMBRE DOCENTE	APELLIDO	APELLIDO	XXXX######XXX	XXXX######XXXXXX##	ESTIMULO	#,###
##	##DES####	ESCUELA SECUNDARIA	MUNICIPIO	1	SECUNDARIA	GENERAL	3	A	ESPAÑOL	###.#	##.#	NOMBRE DOCENTE	APELLIDO	APELLIDO	XXXX######XXX	XXXX######XXXXXX##	ESTIMULO	#,###
##	##DES####	ESCUELA SECUNDARIA	MUNICIPIO	1	SECUNDARIA	GENERAL	3	A	ESPAÑOL	###.#	##.#	NOMBRE DOCENTE	APELLIDO	APELLIDO	XXXX######XXX	XXXX######XXXXXX##	ESTIMULO	#,###
##	##DES####	ESCUELA SECUNDARIA	MUNICIPIO	1	SECUNDARIA	GENERAL	3	A	ESPAÑOL	###.#	##.#	NOMBRE DOCENTE	APELLIDO	APELLIDO	XXXX######XXX	XXXX######XXXXXX##	ESTIMULO	#,###
##	##DES####	ESCUELA SECUNDARIA	MUNICIPIO	1	SECUNDARIA	GENERAL	3	A	ESPAÑOL	###.#	##.#	NOMBRE DOCENTE	APELLIDO	APELLIDO	XXXX######XXX	XXXX######XXXXXX##	ESTIMULO	#,###
##	##DES####	ESCUELA SECUNDARIA	MUNICIPIO	1	SECUNDARIA	GENERAL	3	A	ESPAÑOL	###.#	##.#	NOMBRE DOCENTE	APELLIDO	APELLIDO	XXXX######XXX	XXXX######XXXXXX##	ESTIMULO	#,###
##	##DES####	ESCUELA SECUNDARIA	MUNICIPIO	1	SECUNDARIA	GENERAL	3	A	ESPAÑOL	###.#	##.#	NOMBRE DOCENTE	APELLIDO	APELLIDO	XXXX######XXX	XXXX######XXXXXX##	ESTIMULO	#,###
##	##DES####	ESCUELA SECUNDARIA	MUNICIPIO	1	SECUNDARIA	GENERAL	3	A	ESPAÑOL	###.#	##.#	NOMBRE DOCENTE	APELLIDO	APELLIDO	XXXX######XXX	XXXX######XXXXXX##	ESTIMULO	#,###
##	##DES####	ESCUELA SECUNDARIA	MUNICIPIO	1	SECUNDARIA	GENERAL	3	A	ESPAÑOL	###.#	##.#	NOMBRE DOCENTE	APELLIDO	APELLIDO	XXXX######XXX	XXXX######XXXXXX##	ESTIMULO	#,###
##	##DES####	ESCUELA SECUNDARIA	MUNICIPIO	1	SECUNDARIA	GENERAL	3	A	ESPAÑOL	###.#	##.#	NOMBRE DOCENTE	APELLIDO	APELLIDO	XXXX######XXX	XXXX######XXXXXX##	ESTIMULO	#,###
##	##DES####	ESCUELA SECUNDARIA	MUNICIPIO	1	SECUNDARIA	GENERAL	3	A	ESPAÑOL	###.#	##.#	NOMBRE DOCENTE	APELLIDO	APELLIDO	XXXX######XXX	XXXX######XXXXXX##	ESTIMULO	#,###
##	##DES####	ESCUELA SECUNDARIA	MUNICIPIO	1	SECUNDARIA	GENERAL	3	A	ESPAÑOL	###.#	##.#	NOMBRE DOCENTE	APELLIDO	APELLIDO	XXXX######XXX	XXXX######XXXXXX##	ESTIMULO	#,###
##	##DES####	ESCUELA SECUNDARIA	MUNICIPIO	1	SECUNDARIA	GENERAL	3	A	ESPAÑOL	###.#	##.#	NOMBRE DOCENTE	APELLIDO	APELLIDO	XXXX######XXX	XXXX######XXXXXX##	ESTIMULO	#,###
##	##DES####	ESCUELA SECUNDARIA	MUNICIPIO	1	SECUNDARIA	GENERAL	3	A	ESPAÑOL	###.#	##.#	NOMBRE DOCENTE	APELLIDO	APELLIDO	XXXX######XXX	XXXX######XXXXXX##	ESTIMULO	#,###
##	##DES####	ESCUELA SECUNDARIA	MUNICIPIO	1	SECUNDARIA	GENERAL	3	A	ESPAÑOL	###.#	##.#	NOMBRE DOCENTE	APELLIDO	APELLIDO	XXXX######XXX	XXXX######XXXXXX##	ESTIMULO	#,###
##	##DES####	ESCUELA SECUNDARIA	MUNICIPIO	1	SECUNDARIA	GENERAL	3	A	ESPAÑOL	###.#	##.#	NOMBRE DOCENTE	APELLIDO	APELLIDO	XXXX######XXX	XXXX######XXXXXX##	ESTIMULO	#,###
##	##DES####	ESCUELA SECUNDARIA	MUNICIPIO	1	SECUNDARIA	GENERAL	3	A	ESPAÑOL	###.#	##.#	NOMBRE DOCENTE	APELLIDO	APELLIDO	XXXX######XXX	XXXX######XXXXXX##	ESTIMULO	#,###
##	##DES####	ESCUELA SECUNDARIA	MUNICIPIO	1	SECUNDARIA	GENERAL	3	A	ESPAÑOL	###.#	##.#	NOMBRE DOCENTE	APELLIDO	APELLIDO	XXXX######XXX	XXXX######XXXXXX##	ESTIMULO	#,###
##	##DES####	ESCUELA SECUNDARIA	MUNICIPIO	1	SECUNDARIA	GENERAL	3	A	ESPAÑOL	###.#	##.#	NOMBRE DOCENTE	APELLIDO	APELLIDO	XXXX######XXX	XXXX######XXXXXX##	ESTIMULO	#,###
##	##DES####	ESCUELA SECUNDARIA	MUNICIPIO	1	SECUNDARIA	GENERAL	3	A	ESPAÑOL	###.#	##.#	NOMBRE DOCENTE	APELLIDO	APELLIDO	XXXX######XXX	XXXX######XXXXXX##	ESTIMULO	#,###
##	##DES####	ESCUELA SECUNDARIA	MUNICIPIO	1	SECUNDARIA	GENERAL	3	A	ESPAÑOL	###.#	##.#	NOMBRE DOCENTE	APELLIDO	APELLIDO	XXXX######XXX	XXXX######XXXXXX##	ESTIMULO	#,###
##	##DES####	ESCUELA SECUNDARIA	MUNICIPIO	1	SECUNDARIA	GENERAL	3	A	ESPAÑOL	###.#	##.#	NOMBRE DOCENTE	APELLIDO	APELLIDO	XXXX######XXX	XXXX######XXXXXX##	ESTIMULO	#,###
##	##DES####	ESCUELA SECUNDARIA	MUNICIPIO	1	SECUNDARIA	GENERAL	3	A	ESPAÑOL	###.#	##.#	NOMBRE DOCENTE	APELLIDO	APELLIDO	XXXX######XXX	XXXX######XXXXXX##	ESTIMULO	#,###
##	##DES####	ESCUELA SECUNDARIA	MUNICIPIO	1	SECUNDARIA	GENERAL	3	A	ESPAÑOL	###.#	##.#	NOMBRE DOCENTE	APELLIDO	APELLIDO	XXXX######XXX	XXXX######XXXXXX##	ESTIMULO	#,###
##	##DES####	ESCUELA SECUNDARIA	MUNICIPIO	1	SECUNDARIA	GENERAL	3	A	ESPAÑOL	###.#	##.#	NOMBRE DOCENTE	APELLIDO	APELLIDO	XXXX######XXX	XXXX######XXXXXX##	ESTIMULO	#,###
##	##DES####	ESCUELA SECUNDARIA	MUNICIPIO	1	SECUNDARIA	GENERAL	3	A	ESPAÑOL	###.#	##.#	NOMBRE DOCENTE	APELLIDO	APELLIDO	XXXX######XXX	XXXX######XXXXXX##	ESTIMULO	#,###
##	##DES####	ESCUELA SECUNDARIA	MUNICIPIO	1	SECUNDARIA	GENERAL	3	A	ESPAÑOL	###.#	##.#	NOMBRE DOCENTE	APELLIDO	APELLIDO	XXXX######XXX	XXXX######XXXXXX##	ESTIMULO	#,###
##	##DES####	ESCUELA SECUNDARIA	MUNICIPIO	1	SECUNDARIA	GENERAL	3	A	ESPAÑOL	###.#	##.#	NOMBRE DOCENTE	APELLIDO	APELLIDO	XXXX######XXX	XXXX######XXXXXX##	ESTIMULO	#,###
##	##DES####	ESCUELA SECUNDARIA	MUNICIPIO	1	SECUNDARIA	GENERAL	3	A	ESPAÑOL	###.#	##.#	NOMBRE DOCENTE	APELLIDO	APELLIDO	XXXX######XXX	XXXX######XXXXXX##	ESTIMULO	#,###
##	##DES####	ESCUELA SECUNDARIA	MUNICIPIO	1	SECUNDARIA	GENERAL	3	A	ESPAÑOL	###.#	##.#	NOMBRE DOCENTE	APELLIDO	APELLIDO	XXXX######XXX	XXXX######XXXXXX##	ESTIMULO	#,###
##	##DES####	ESCUELA SECUNDARIA	MUNICIPIO	1	SECUNDARIA	GENERAL	3	A	ESPAÑOL	###.#	##.#	NOMBRE DOCENTE	APELLIDO	APELLIDO	XXXX######XXX	XXXX######XXXXXX##	ESTIMULO	#,###
##	##DES####	ESCUELA SECUNDARIA	MUNICIPIO	1	SECUNDARIA	GENERAL	3	A	ESPAÑOL	###.#	##.#	NOMBRE DOCENTE	APELLIDO	APELLIDO	XXXX######XXX	XXXX######XXXXXX##	ESTIMULO	#,###
##	##DES####	ESCUELA SECUNDARIA	MUNICIPIO	1	SECUNDARIA	GENERAL	3	A	ESPAÑOL	###.#	##.#	NOMBRE DOCENTE	APELLIDO	APELLIDO	XXXX######XXX	XXXX######XXXXXX##	ESTIMULO	#,###
##	##DES####	ESCUELA SECUNDARIA	MUNICIPIO	1	SECUNDARIA	GENERAL	3	A	ESPAÑOL	###.#	##.#	NOMBRE DOCENTE	APELLIDO	APELLIDO	XXXX######XXX	XXXX######XXXXXX##	ESTIMULO	#,###
##	##DES####	ESCUELA SECUNDARIA	MUNICIPIO	1	SECUNDARIA	GENERAL	3	A	ESPAÑOL	###.#	##.#	NOMBRE DOCENTE	APELLIDO	APELLIDO	XXXX######XXX	XXXX######XXXXXX##	ESTIMULO	#,###
##	##DES####	ESCUELA SECUNDARIA	MUNICIPIO	1	SECUNDARIA	GENERAL	3	A	ESPAÑOL	###.#	##.#	NOMBRE DOCENTE	APELLIDO	APELLIDO	XXXX######XXX	XXXX######XXXXXX##	ESTIMULO	#,###
##	##DES####	ESCUELA SECUNDARIA	MUNICIPIO	1	SECUNDARIA	GENERAL	3	A	ESPAÑOL	###.#	##.#	NOMBRE DOCENTE	APELLIDO	APELLIDO	XXXX######XXX	XXXX######XXXXXX##	ESTIMULO	#,###
##	##DES####	ESCUELA SECUNDARIA	MUNICIPIO	1	SECUNDARIA	GENERAL	3	A	ESPAÑOL	###.#	##.#	NOMBRE DOCENTE	APELLIDO	APELLIDO	XXXX######XXX	XXXX######XXXXXX##	ESTIMULO	#,###
##	##DES####	ESCUELA SECUNDARIA	MUNICIPIO	1	SECUNDARIA	GENERAL	3	A	ESPAÑOL	###.#	##.#	NOMBRE DOCENTE	APELLIDO	APELLIDO	XXXX######XXX	XXXX######XXXXXX##	ESTIMULO	#,###
##	##DES####	ESCUELA SECUNDARIA	MUNICIPIO	1	SECUNDARIA	GENERAL	3	A	ESPAÑOL	###.#	##.#	NOMBRE DOCENTE	APELLIDO	APELLIDO	XXXX######XXX	XXXX######XXXXXX##	ESTIMULO	#,###
##	##DES####	ESCUELA SECUNDARIA	MUNICIPIO	1	SECUNDARIA	GENERAL	3	A	ESPAÑOL	###.#	##.#	NOMBRE DOCENTE	APELLIDO	APELLIDO	XXXX######XXX	XXXX######XXXXXX##	ESTIMULO	#,###
##	##DES####	ESCUELA SECUNDARIA	MUNICIPIO	1	SECUNDARIA	GENERAL	3	A	ESPAÑOL	###.#	##.#	NOMBRE DOCENTE	APELLIDO	APELLIDO	XXXX######XXX	XXXX######XXXXXX##	ESTIMULO	#,###
##	##DES####	ESCUELA SECUNDARIA	MUNICIPIO	1	SECUNDARIA	GENERAL	3	A	ESPAÑOL	###.#	##.#	NOMBRE DOCENTE	APELLIDO	APELLIDO	XXXX######XXX	XXXX######XXXXXX##	ESTIMULO	#,###
##	##DES####	ESCUELA SECUNDARIA	MUNICIPIO	1	SECUNDARIA	GENERAL	3	A	ESPAÑOL	###.#	##.#	NOMBRE DOCENTE	APELLIDO	APELLIDO	XXXX######XXX	XXXX######XXXXXX##	ESTIMULO	#,###
##	##DES####	ESCUELA SECUNDARIA	MUNICIPIO	1	SECUNDARIA	GENERAL	3	A	ESPAÑOL	###.#	##.#	NOMBRE DOCENTE	APELLIDO	APELLIDO	XXXX######XXX	XXXX######XXXXXX##	ESTIMULO	#,###
##	##DES####	ESCUELA SECUNDARIA	MUNICIPIO	1	SECUNDARIA	GENERAL	3	A	ESPAÑOL	###.#	##.#	NOMBRE DOCENTE	APELLIDO	APELLIDO	XXXX######XXX	XXXX######XXXXXX##	ESTIMULO	#,###
##	##DES####	ESCUELA SECUNDARIA	MUNICIPIO	1	SECUNDARIA	GENERAL	3	A	ESPAÑOL	###.#	##.#	NOMBRE DOCENTE	APELLIDO	APELLIDO	XXXX######XXX	XXXX######XXXXXX##	ESTIMULO	#,###
##	##DES####	ESCUELA SECUNDARIA	MUNICIPIO	1	SECUNDARIA	GENERAL	3	A	ESPAÑOL	###.#	##.#	NOMBRE DOCENTE	APELLIDO	APELLIDO	XXXX######XXX	XXXX######XXXXXX##	ESTIMULO	#,###
##	##DES####	ESCUELA SECUNDARIA	MUNICIPIO	1	SECUNDARIA	GENERAL	3	A	ESPAÑOL	###.#	##.#	NOMBRE DOCENTE	APELLIDO	APELLIDO	XXXX######XXX	XXXX######XXXXXX##	ESTIMULO	#,###
##	##DES####	ESCUELA SECUNDARIA	MUNICIPIO	1	SECUNDARIA	GENERAL	3	A	ESPAÑOL	###.#	##.#	NOMBRE DOCENTE	APELLIDO	APELLIDO	XXXX######XXX	XXXX######XXXXXX##	ESTIMULO	#,###
##	##DES####	ESCUELA SECUNDARIA	MUNICIPIO	1	SECUNDARIA	GENERAL	3	A	ESPAÑOL	###.#	##.#	NOMBRE DOCENTE	APELLIDO	APELLIDO	XXXX######XXX	XXXX######XXXXXX##	ESTIMULO	#,###
##	##DES####	ESCUELA SECUNDARIA	MUNICIPIO	1	SECUNDARIA	GENERAL	3	A	ESPAÑOL	###.#	##.#	NOMBRE DOCENTE	APELLIDO	APELLIDO	XXXX######XXX	XXXX######XXXXXX##	ESTIMULO	#,###
##	##DES####	ESCUELA SECUNDARIA	MUNICIPIO	1	SECUNDARIA	GENERAL	3	A	ESPAÑOL	###.#	##.#	NOMBRE DOCENTE	APELLIDO	APELLIDO	XXXX######XXX	XXXX######XXXXXX##	ESTIMULO	#,###
##	##DES####	ESCUELA SECUNDARIA	MUNICIPIO	1	SECUNDARIA	GENERAL	3	A	ESPAÑOL	###.#	##.#	NOMBRE DOCENTE	APELLIDO	APELLIDO	XXXX######XXX	XXXX######XXXXXX##	ESTIMULO	#,###
##	##DES####	ESCUELA SECUNDARIA	MUNICIPIO	1	SECUNDARIA	GENERAL	3	A	ESPAÑOL	###.#	##.#	NOMBRE DOCENTE	APELLIDO	APELLIDO	XXXX######XXX	XXXX######XXXXXX##	ESTIMULO	#,###
##	##DES####	ESCUELA SECUNDARIA	MUNICIPIO	1	SECUNDARIA	GENERAL	3	A	ESPAÑOL	###.#	##.#	NOMBRE DOCENTE	APELLIDO	APELLIDO	XXXX######XXX	XXXX######XXXXXX##	ESTIMULO	#,###
##	##DES####	ESCUELA SECUNDARIA	MUNICIPIO	1	SECUNDARIA	GENERAL	3	A	ESPAÑOL	###.#	##.#	NOMBRE DOCENTE	APELLIDO	APELLIDO	XXXX######XXX	XXXX######XXXXXX##	ESTIMULO	#,###
##	##DES####	ESCUELA SECUNDARIA	MUNICIPIO	1	SECUNDARIA	GENERAL	3	A	ESPAÑOL	###.#	##.#	NOMBRE DOCENTE	APELLIDO	APELLIDO	XXXX######XXX	XXXX######XXXXXX##	ESTIMULO	#,###
##	##DES####	ESCUELA SECUNDARIA	MUNICIPIO	1	SECUNDARIA	GENERAL	3	A	ESPAÑOL	###.#	##.#	NOMBRE DOCENTE	APELLIDO	APELLIDO	XXXX######XXX	XXXX######XXXXXX##	ESTIMULO	#,###
##	##DES####	ESCUELA SECUNDARIA	MUNICIPIO	1	SECUNDARIA	GENERAL	3	A	ESPAÑOL	###.#	##.#	NOMBRE DOCENTE	APELLIDO	APELLIDO	XXXX######XXX	XXXX######XXXXXX##	ESTIMULO	#,###
##	##DES####	ESCUELA SECUNDARIA	MUNICIPIO	1	SECUNDARIA	GENERAL	3	A	ESPAÑOL	###.#	##.#	NOMBRE DOCENTE	APELLIDO	APELLIDO	XXXX######XXX	XXXX######XXXXXX##	ESTIMULO	#,###
##	##DES####	ESCUELA SECUNDARIA	MUNICIPIO	1	SECUNDARIA	GENERAL	3	A	ESPAÑOL	###.#	##.#	NOMBRE DOCENTE	APELLIDO	APELLIDO	XXXX######XXX	XXXX######XXXXXX##	ESTIMULO	#,###
##	##DES####	ESCUELA SECUNDARIA	MUNICIPIO	1	SECUNDARIA	GENERAL	3	A	ESPAÑOL	###.#	##.#	NOMBRE DOCENTE	APELLIDO	APELLIDO	XXXX######XXX	XXXX######XXXXXX##	ESTIMULO	#,###
##	##DES####	ESCUELA SECUNDARIA	MUNICIPIO	1	SECUNDARIA	GENERAL	3	A	ESPAÑOL	###.#	##.#	NOMBRE DOCENTE	APELLIDO	APELLIDO	XXXX######XXX	XXXX######XXXXXX##	ESTIMULO	#,###
##	##DES####	ESCUELA SECUNDARIA	MUNICIPIO	1	SECUNDARIA	GENERAL	3	A	ESPAÑOL	###.#	##.#	NOMBRE DOCENTE	APELLIDO	APELLIDO	XXXX######XXX	XXXX######XXXXXX##	ESTIMULO	#,###
##	##DES####	ESCUELA SECUNDARIA	MUNICIPIO	1	SECUNDARIA	GENERAL	3	A	ESPAÑOL	###.#	##.#	NOMBRE DOCENTE	APELLIDO	APELLIDO	XXXX######XXX	XXXX######XXXXXX##	ESTIMULO	#,###
##	##DES####	ESCUELA SECUNDARIA	MUNICIPIO	1	SECUNDARIA	GENERAL	3	A	ESPAÑOL	###.#	##.#	NOMBRE DOCENTE	APELLIDO	APELLIDO	XXXX######XXX	XXXX######XXXXXX##	ESTIMULO	#,###
##	##DES####	ESCUELA SECUNDARIA	MUNICIPIO	1	SECUNDARIA	GENERAL	3	A	ESPAÑOL	###.#	##.#	NOMBRE DOCENTE	APELLIDO	APELLIDO	XXXX######XXX	XXXX######XXXXXX##	ESTIMULO	#,###
##	##DES####	ESCUELA SECUNDARIA	MUNICIPIO	1	SECUNDARIA	GENERAL	3	A	ESPAÑOL	###.#	##.#	NOMBRE DOCENTE	APELLIDO	APELLIDO	XXXX######XXX	XXXX######XXXXXX##	ESTIMULO	#,###
##	##DES####	ESCUELA SECUNDARIA	MUNICIPIO	1	SECUNDARIA	GENERAL	3	A	ESPAÑOL	###.#	##.#	NOMBRE DOCENTE	APELLIDO	APELLIDO	XXXX######XXX	XXXX######XXXXXX##	ESTIMULO	#,###
##	##DES####	ESCUELA SECUNDARIA	MUNICIPIO	1	SECUNDARIA	GENERAL	3	A	ESPAÑOL	###.#	##.#	NOMBRE DOCENTE	APELLIDO	APELLIDO	XXXX######XXX	XXXX######XXXXXX##	ESTIMULO	#,###
##	##DES####	ESCUELA SECUNDARIA	MUNICIPIO	1	SECUNDARIA	GENERAL	3	A	ESPAÑOL	###.#	##.#	NOMBRE DOCENTE	APELLIDO	APELLIDO	XXXX######XXX	XXXX######XXXXXX##	ESTIMULO	#,###
##	##DES####	ESCUELA SECUNDARIA	MUNICIPIO	1	SECUNDARIA	GENERAL	3	A	ESPAÑOL	###.#	##.#	NOMBRE DOCENTE	APELLIDO	APELLIDO	XXXX######XXX	XXXX######XXXXXX##	ESTIMULO	#,###
##	##DES####	ESCUELA SECUNDARIA	MUNICIPIO	1	SECUNDARIA	GENERAL	3	A	ESPAÑOL	###.#	##.#	NOMBRE DOCENTE	APELLIDO	APELLIDO	XXXX######XXX	XXXX######XXXXXX##	ESTIMULO	#,###
##	##DES####	ESCUELA SECUNDARIA	MUNICIPIO	1	SECUNDARIA	GENERAL	3	A	ESPAÑOL	###.#	##.#	NOMBRE DOCENTE	APELLIDO	APELLIDO	XXXX######XXX	XXXX######XXXXXX##	ESTIMULO	#,###
##	##DES####	ESCUELA SECUNDARIA	MUNICIPIO	1	SECUNDARIA	GENERAL	3	A	ESPAÑOL	###.#	##.#	NOMBRE DOCENTE	APELLIDO	APELLIDO	XXXX######XXX	XXXX######XXXXXX##	ESTIMULO	#,###
##	##DES####	ESCUELA SECUNDARIA	MUNICIPIO	1	SECUNDARIA	GENERAL	3	A	ESPAÑOL	###.#	##.#	NOMBRE DOCENTE	APELLIDO	APELLIDO	XXXX######XXX	XXXX######XXXXXX##	ESTIMULO	#,###
##	##DES####	ESCUELA SECUNDARIA	MUNICIPIO	1	SECUNDARIA	GENERAL	3	A	ESPAÑOL	###.#	##.#	NOMBRE DOCENTE	APELLIDO	APELLIDO	XXXX######XXX	XXXX######XXXXXX##	ESTIMULO	#,###
##	##DES####	ESCUELA SECUNDARIA	MUNICIPIO	1	SECUNDARIA	GENERAL	3	A	ESPAÑOL	###.#	##.#	NOMBRE DOCENTE	APELLIDO	APELLIDO	XXXX######XXX	XXXX######XXXXXX##	ESTIMULO	#,###
##	##DES####	ESCUELA SECUNDARIA	MUNICIPIO	1	SECUNDARIA	GENERAL	3	A	ESPAÑOL	###.#	##.#	NOMBRE DOCENTE	APELLIDO	APELLIDO	XXXX######XXX	XXXX######XXXXXX##	ESTIMULO	#,###
##	##DES####	ESCUELA SECUNDARIA	MUNICIPIO	1	SECUNDARIA	GENERAL	3	A	ESPAÑOL	###.#	##.#	NOMBRE DOCENTE	APELLIDO	APELLIDO	XXXX######XXX	XXXX######XXXXXX##	ESTIMULO	#,###
##	##DES####	ESCUELA SECUNDARIA	MUNICIPIO	1	SECUNDARIA	GENERAL	3	A	ESPAÑOL	###.#	##.#	NOMBRE DOCENTE	APELLIDO	APELLIDO	XXXX######XXX	XXXX######XXXXXX##	ESTIMULO	#,###
##	##DES####	ESCUELA SECUNDARIA	MUNICIPIO	1	SECUNDARIA	GENERAL	3	A	ESPAÑOL	###.#	##.#	NOMBRE DOCENTE	APELLIDO	APELLIDO	XXXX######XXX	XXXX######XXXXXX##	ESTIMULO	#,###
##	##DES####	ESCUELA SECUNDARIA	MUNICIPIO	1	SECUNDARIA	GENERAL	3	A	ESPAÑOL	###.#	##.#	NOMBRE DOCENTE	APELLIDO	APELLIDO	XXXX######XXX	XXXX######XXXXXX##	ESTIMULO	#,###
##	##DES####	ESCUELA SECUNDARIA	MUNICIPIO	1	SECUNDARIA	GENERAL	3	A	ESPAÑOL	###.#	##.#	NOMBRE DOCENTE	APELLIDO	APELLIDO	XXXX######XXX	XXXX######XXXXXX##	ESTIMULO	#,###
##	##DES####	ESCUELA SECUNDARIA	MUNICIPIO	1	SECUNDARIA	GENERAL	3	A	ESPAÑOL	###.#	##.#	NOMBRE DOCENTE	APELLIDO	APELLIDO	XXXX######XXX	XXXX######XXXXXX##	ESTIMULO	#,###
##	##DES####	ESCUELA SECUNDARIA	MUNICIPIO	1	SECUNDARIA	GENERAL	3	A	ESPAÑOL	###.#	##.#	NOMBRE DOCENTE	APELLIDO	APELLIDO	XXXX######XXX	XXXX######XXXXXX##	ESTIMULO	#,###
##	##DES####	ESCUELA SECUNDARIA	MUNICIPIO	1	SECUNDARIA	GENERAL	3	A	ESPAÑOL	###.#	##.#	NOMBRE DOCENTE	APELLIDO	APELLIDO	XXXX######XXX	XXXX######XXXXXX##	ESTIMULO	#,###
##	##DES####	ESCUELA SECUNDARIA	MUNICIPIO	1	SECUNDARIA	GENERAL	3	A	ESPAÑOL	###.#	##.#	NOMBRE DOCENTE	APELLIDO	APELLIDO	XXXX######XXX	XXXX######XXXXXX##	ESTIMULO	#,###
##	##DES####	ESCUELA SECUNDARIA	MUNICIPIO	1	SECUNDARIA	GENERAL	3	A	ESPAÑOL	###.#	##.#	NOMBRE DOCENTE	APELLIDO	APELLIDO	XXXX######XXX	XXXX######XXXXXX##	ESTIMULO	#,###
##	##DES####	ESCUELA SECUNDARIA	MUNICIPIO	1	SECUNDARIA	GENERAL	3	A	ESPAÑOL	###.#	##.#	NOMBRE DOCENTE	APELLIDO	APELLIDO	XXXX######XXX	XXXX######XXXXXX##	ESTIMULO	#,###
##	##DES####	ESCUELA SECUNDARIA	MUNICIPIO	1	SECUNDARIA	GENERAL	3	A	ESPAÑOL	###.#	##.#	NOMBRE DOCENTE	APELLIDO	APELLIDO	XXXX######XXX	XXXX######XXXXXX##	ESTIMULO	#,###
##	##DES####	ESCUELA SECUNDARIA	MUNICIPIO	1	SECUNDARIA	GENERAL	3	A	ESPAÑOL	###.#	##.#	NOMBRE DOCENTE	APELLIDO	APELLIDO	XXXX######XXX	XXXX######XXXXXX##	ESTIMULO	#,###
##	##DES####	ESCUELA SECUNDARIA	MUNICIPIO	1	SECUNDARIA	GENERAL	3	A	ESPAÑOL	###.#	##.#	NOMBRE DOCENTE	APELLIDO	APELLIDO	XXXX######XXX	XXXX######XXXXXX##	ESTIMULO	#,###
##	##DES####	ESCUELA SECUNDARIA	MUNICIPIO	1	SECUNDARIA	GENERAL	3	A	ESPAÑOL	###.#	##.#	NOMBRE DOCENTE	APELLIDO	APELLIDO	XXXX######XXX	XXXX######XXXXXX##	ESTIMULO	#,###
##	##DES####	ESCUELA SECUNDARIA	MUNICIPIO	1	SECUNDARIA	GENERAL	3	A	ESPAÑOL	###.#	##.#	NOMBRE DOCENTE	APELLIDO	APELLIDO	XXXX######XXX	XXXX######XXXXXX##	ESTIMULO	#,###
##	##DES####	ESCUELA SECUNDARIA	MUNICIPIO	1	SECUNDARIA	GENERAL	3	A	ESPAÑOL	###.#	##.#	NOMBRE DOCENTE	APELLIDO	APELLIDO	XXXX######XXX	XXXX######XXXXXX##	ESTIMULO	#,###
##	##DES####	ESCUELA SECUNDARIA	MUNICIPIO	1	SECUNDARIA	GENERAL	3	A	ESPAÑOL	###.#	##.#	NOMBRE DOCENTE	APELLIDO	APELLIDO	XXXX######XXX	XXXX######XXXXXX##	ESTIMULO	#,###
##	##DES####	ESCUELA SECUNDARIA	MUNICIPIO	1	SECUNDARIA	GENERAL	3	A	ESPAÑOL	###.#	##.#	NOMBRE DOCENTE	APELLIDO	APELLIDO	XXXX######XXX	XXXX######XXXXXX##	ESTIMULO	#,###
##	##DES####	ESCUELA SECUNDARIA	MUNICIPIO	1	SECUNDARIA	GENERAL	3	A	ESPAÑOL	###.#	##.#	NOMBRE DOCENTE	APELLIDO	APELLIDO	XXXX######XXX	XXXX######XXXXXX##	ESTIMULO	#,###
##	##DES####	ESCUELA SECUNDARIA	MUNICIPIO	1	SECUNDARIA	GENERAL	3	A	ESPAÑOL	###.#	##.#	NOMBRE DOCENTE	APELLIDO	APELLIDO	XXXX######XXX	XXXX######XXXXXX##	ESTIMULO	#,###
##	##DES####	ESCUELA SECUNDARIA	MUNICIPIO	1	SECUNDARIA	GENERAL	3	A	ESPAÑOL	###.#	##.#	NOMBRE DOCENTE	APELLIDO	APELLIDO	XXXX######XXX	XXXX######XXXXXX##	ESTIMULO	#,###
